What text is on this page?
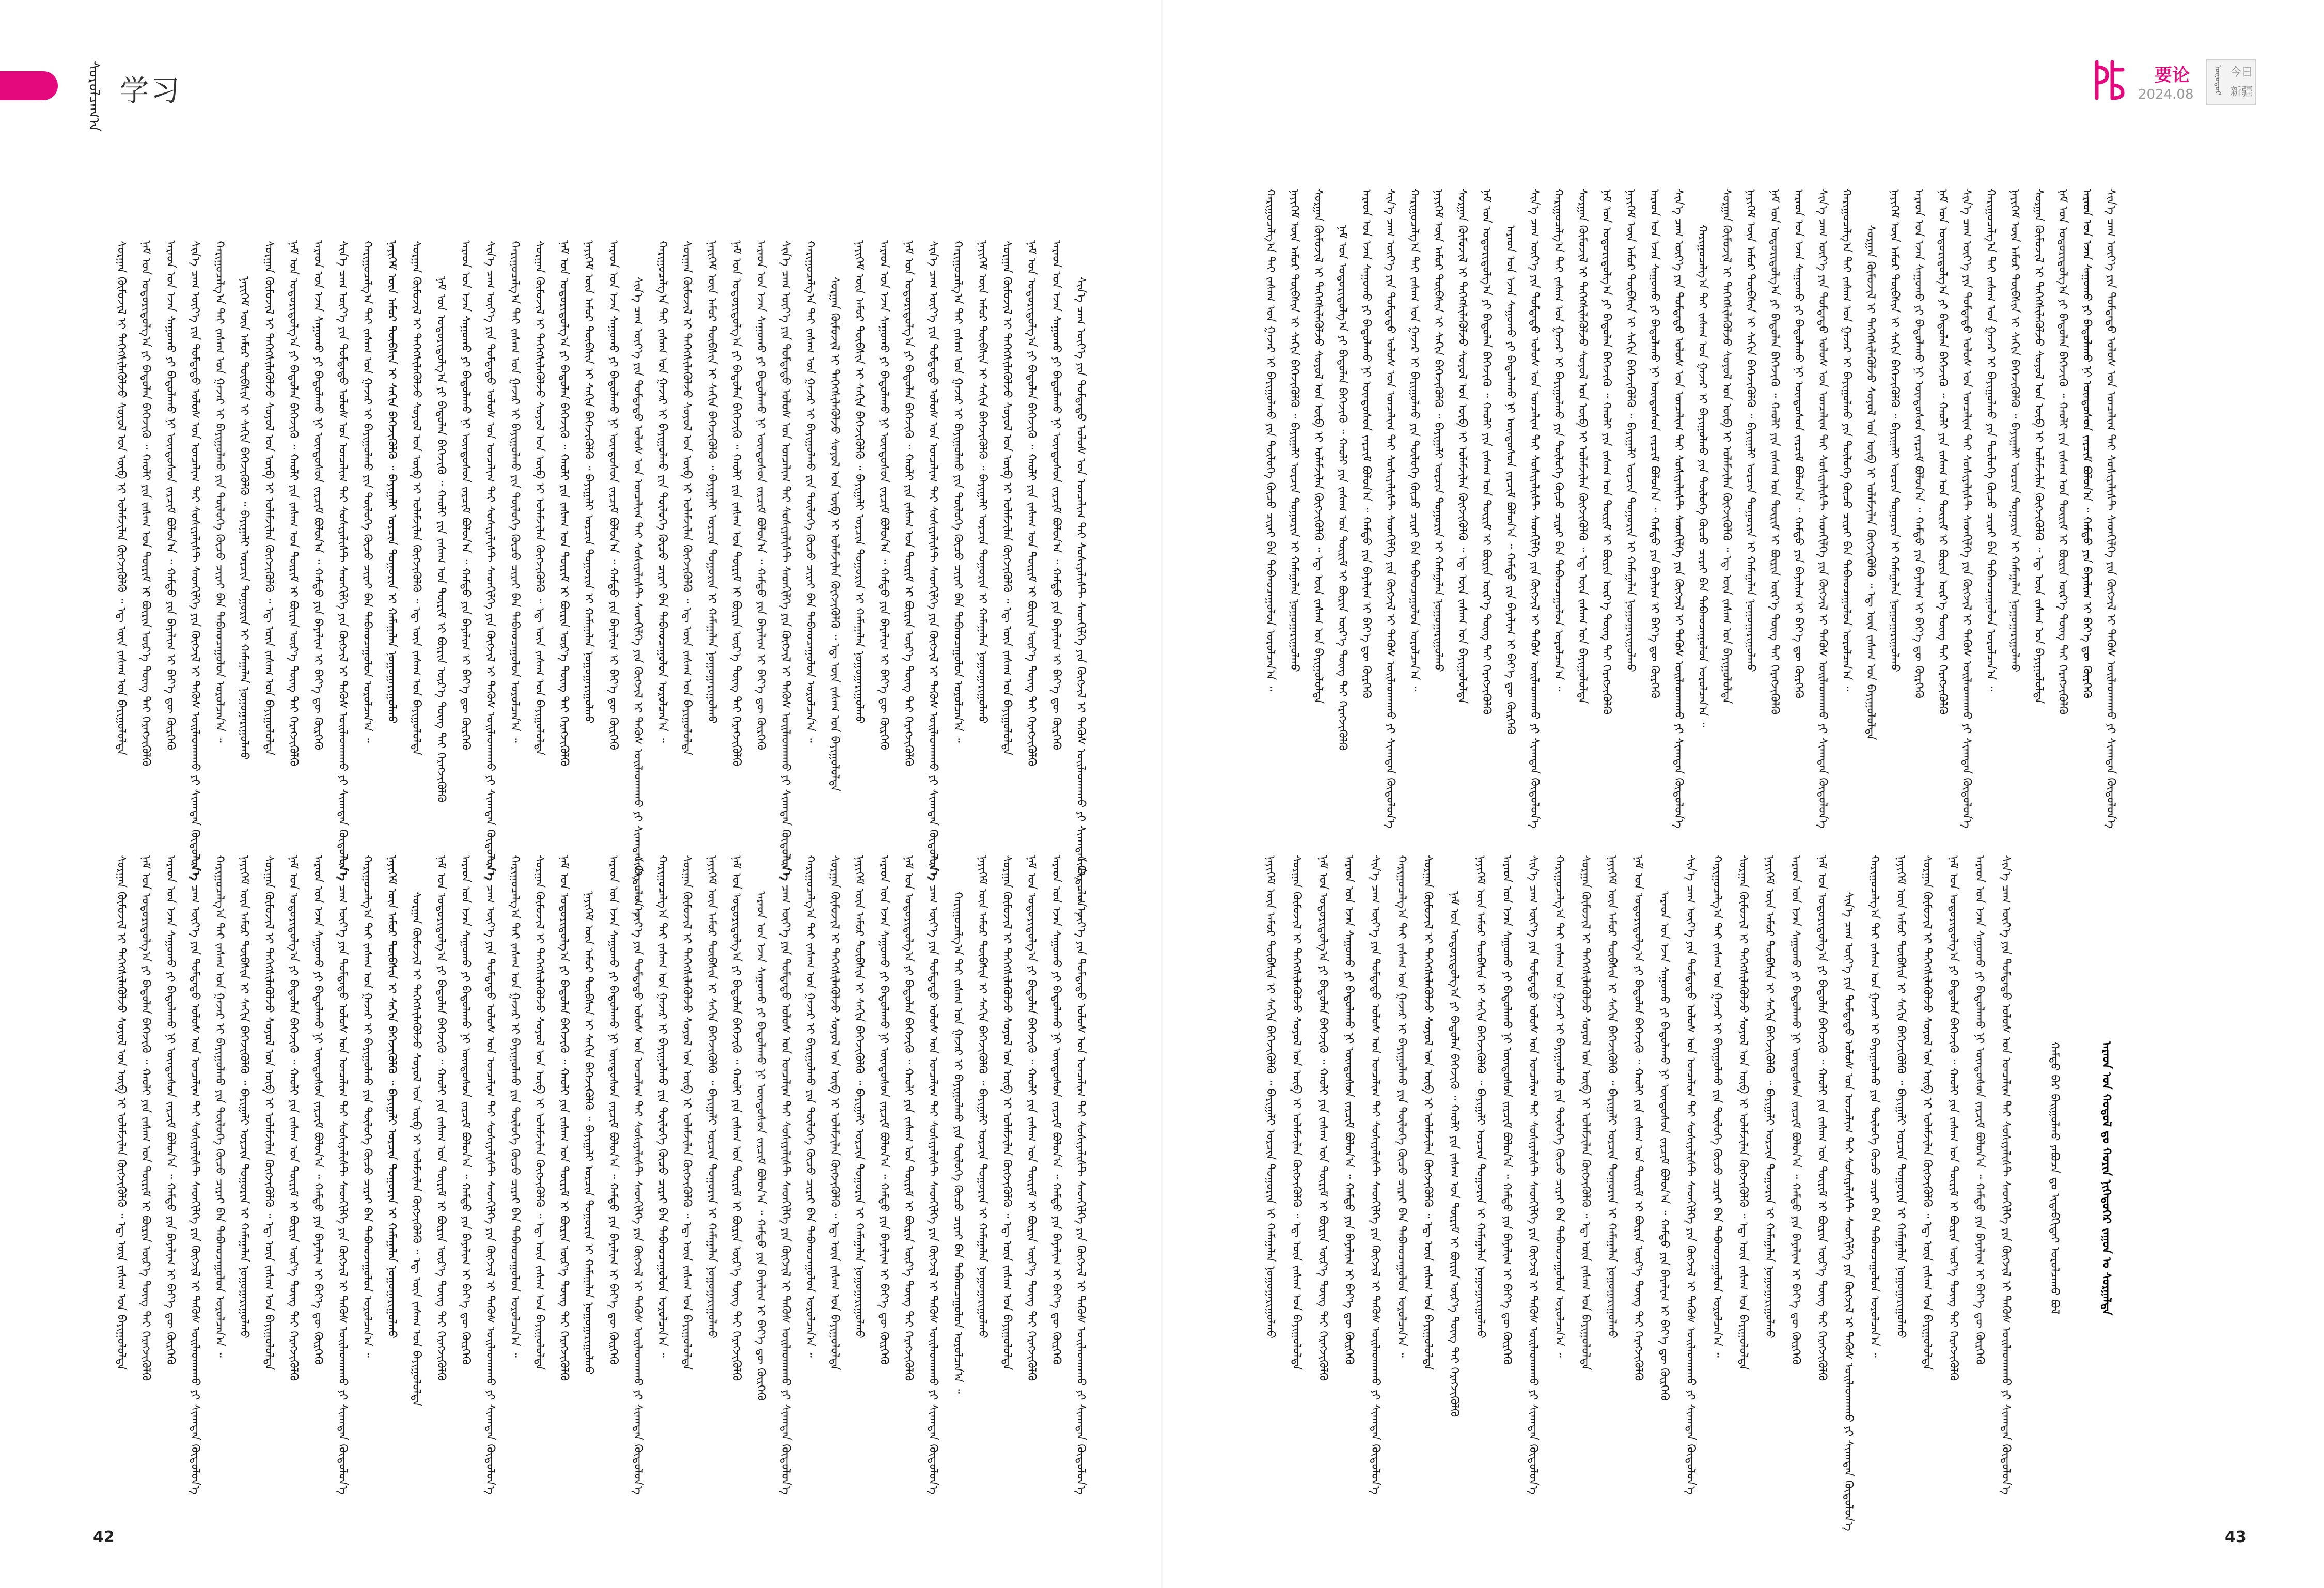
ᠰᠤᠷᠤᠯᠴᠠᠭ᠎ᠠ 学习
ᠲᠤᠷᠤᠯ
要论
2024.08	ᠥᠨᠥᠳᠥᠷ 今日新疆
ᠰᠢᠨ᠎ᠡ ᠴᠠᠭ ᠦᠶ᠎ᠡ ᠶᠢᠨ ᠳᠤᠮᠳᠠᠳᠤ ᠤᠯᠤᠰ ᠤᠨ ᠣᠨᠴᠠᠯᠢᠭ ᠲᠠᠢ ᠰᠣᠰᠢᠶᠠᠯᠢᠰᠲ ᠰᠡᠳᠬᠢᠯᠭᠡ ᠶᠢᠨ ᠬᠥᠭᠵᠢᠯ ᠢ ᠲᠡᠭᠦᠰ ᠤᠢᠯᠠᠳᠬᠠᠬᠤ ᠶᠢ ᠰᠢᠬᠠᠳᠠᠨ ᠬᠥᠲᠥᠯᠦᠨ᠎ᠡ
ᠠᠷᠠᠳ ᠤᠨ ᠡᠵᠡᠨ ᠰᠠᠭᠤᠬᠤ ᠶᠢ ᠪᠠᠲᠤᠯᠠᠬᠤ ᠨᠢ ᠦᠨᠳᠦᠰᠦᠨ ᠵᠠᠷᠴᠢᠮ ᠪᠣᠯᠤᠨ᠎ᠠ ᠃ ᠬᠠᠮᠲᠤ ᠶᠢᠨ ᠪᠠᠶᠠᠯᠢᠭ ᠢ ᠪᠡᠶ᠎ᠡ ᠳᠦ ᠬᠦᠷᠭᠡᠬᠦ
ᠨᠠᠮ ᠤᠨ ᠤᠳᠤᠷᠢᠳᠤᠯᠭ᠎ᠠ ᠶᠢ ᠪᠠᠲᠤᠯᠠᠨ ᠪᠡᠬᠡᠵᠢᠬᠦ ᠃ ᠬᠠᠤᠯᠢ ᠶᠢᠨ ᠵᠠᠰᠠᠭ ᠤᠨ ᠳᠦᠷᠢᠮ ᠢ ᠪᠦᠷᠢᠨ ᠦᠷ᠎ᠡ ᠳᠦᠩ ᠲᠡᠢ ᠬᠡᠷᠡᠭᠵᠢᠭᠦᠯᠬᠦ
ᠰᠤᠷᠭᠠᠨ ᠬᠥᠮᠦᠵᠢᠯ ᠢ ᠳᠡᠭᠡᠭᠰᠢᠯᠡᠭᠦᠯᠵᠦ ᠰᠤᠶᠤᠯ ᠤᠨ ᠥᠪ ᠢ ᠤᠯᠠᠮᠵᠢᠯᠠᠨ ᠬᠥᠭᠵᠢᠭᠦᠯᠬᠦ ᠃ ᠡᠳ᠋ ᠦᠨ ᠵᠠᠰᠠᠭ ᠤᠨ ᠪᠠᠶᠢᠭᠤᠯᠤᠯᠲᠠ
ᠨᠡᠶᠢᠭᠡᠮ ᠦᠨ ᠠᠮᠤᠷ ᠲᠦᠪᠰᠢᠨ ᠢ ᠰᠠᠬᠢᠨ ᠪᠡᠬᠡᠵᠢᠭᠦᠯᠬᠦ ᠃ ᠪᠠᠶᠢᠭᠠᠯᠢ ᠣᠷᠴᠢᠨ ᠲᠣᠭᠣᠷᠢᠨ ᠢ ᠬᠠᠮᠠᠭᠠᠯᠠᠨ ᠨᠣᠭᠣᠭᠠᠷᠢᠭᠤᠯᠬᠤ
ᠬᠠᠷᠢᠭᠤᠴᠠᠯᠭ᠎ᠠ ᠲᠠᠢ ᠵᠠᠰᠠᠭ ᠤᠨ ᠭᠠᠵᠠᠷ ᠢ ᠪᠠᠶᠢᠭᠤᠯᠬᠤ ᠶᠢᠨ ᠲᠥᠯᠥᠭᠡ ᠬᠦᠴᠦ ᠴᠢᠷᠠᠢ ᠪᠡᠨ ᠳᠠᠪᠬᠤᠴᠠᠭᠤᠯᠤᠨ ᠣᠷᠤᠯᠴᠠᠨ᠎ᠠ ᠃
ᠰᠢᠨ᠎ᠡ ᠴᠠᠭ ᠦᠶ᠎ᠡ ᠶᠢᠨ ᠳᠤᠮᠳᠠᠳᠤ ᠤᠯᠤᠰ ᠤᠨ ᠣᠨᠴᠠᠯᠢᠭ ᠲᠠᠢ ᠰᠣᠰᠢᠶᠠᠯᠢᠰᠲ ᠰᠡᠳᠬᠢᠯᠭᠡ ᠶᠢᠨ ᠬᠥᠭᠵᠢᠯ ᠢ ᠲᠡᠭᠦᠰ ᠤᠢᠯᠠᠳᠬᠠᠬᠤ ᠶᠢ ᠰᠢᠬᠠᠳᠠᠨ ᠬᠥᠲᠥᠯᠦᠨ᠎ᠡ
ᠨᠠᠮ ᠤᠨ ᠤᠳᠤᠷᠢᠳᠤᠯᠭ᠎ᠠ ᠶᠢ ᠪᠠᠲᠤᠯᠠᠨ ᠪᠡᠬᠡᠵᠢᠬᠦ ᠃ ᠬᠠᠤᠯᠢ ᠶᠢᠨ ᠵᠠᠰᠠᠭ ᠤᠨ ᠳᠦᠷᠢᠮ ᠢ ᠪᠦᠷᠢᠨ ᠦᠷ᠎ᠡ ᠳᠦᠩ ᠲᠡᠢ ᠬᠡᠷᠡᠭᠵᠢᠭᠦᠯᠬᠦ
ᠠᠷᠠᠳ ᠤᠨ ᠡᠵᠡᠨ ᠰᠠᠭᠤᠬᠤ ᠶᠢ ᠪᠠᠲᠤᠯᠠᠬᠤ ᠨᠢ ᠦᠨᠳᠦᠰᠦᠨ ᠵᠠᠷᠴᠢᠮ ᠪᠣᠯᠤᠨ᠎ᠠ ᠃ ᠬᠠᠮᠲᠤ ᠶᠢᠨ ᠪᠠᠶᠠᠯᠢᠭ ᠢ ᠪᠡᠶ᠎ᠡ ᠳᠦ ᠬᠦᠷᠭᠡᠬᠦ
ᠨᠡᠶᠢᠭᠡᠮ ᠦᠨ ᠠᠮᠤᠷ ᠲᠦᠪᠰᠢᠨ ᠢ ᠰᠠᠬᠢᠨ ᠪᠡᠬᠡᠵᠢᠭᠦᠯᠬᠦ ᠃ ᠪᠠᠶᠢᠭᠠᠯᠢ ᠣᠷᠴᠢᠨ ᠲᠣᠭᠣᠷᠢᠨ ᠢ ᠬᠠᠮᠠᠭᠠᠯᠠᠨ ᠨᠣᠭᠣᠭᠠᠷᠢᠭᠤᠯᠬᠤ
ᠰᠤᠷᠭᠠᠨ ᠬᠥᠮᠦᠵᠢᠯ ᠢ ᠳᠡᠭᠡᠭᠰᠢᠯᠡᠭᠦᠯᠵᠦ ᠰᠤᠶᠤᠯ ᠤᠨ ᠥᠪ ᠢ ᠤᠯᠠᠮᠵᠢᠯᠠᠨ ᠬᠥᠭᠵᠢᠭᠦᠯᠬᠦ ᠃ ᠡᠳ᠋ ᠦᠨ ᠵᠠᠰᠠᠭ ᠤᠨ ᠪᠠᠶᠢᠭᠤᠯᠤᠯᠲᠠ
ᠬᠠᠷᠢᠭᠤᠴᠠᠯᠭ᠎ᠠ ᠲᠠᠢ ᠵᠠᠰᠠᠭ ᠤᠨ ᠭᠠᠵᠠᠷ ᠢ ᠪᠠᠶᠢᠭᠤᠯᠬᠤ ᠶᠢᠨ ᠲᠥᠯᠥᠭᠡ ᠬᠦᠴᠦ ᠴᠢᠷᠠᠢ ᠪᠡᠨ ᠳᠠᠪᠬᠤᠴᠠᠭᠤᠯᠤᠨ ᠣᠷᠤᠯᠴᠠᠨ᠎ᠠ ᠃
ᠰᠢᠨ᠎ᠡ ᠴᠠᠭ ᠦᠶ᠎ᠡ ᠶᠢᠨ ᠳᠤᠮᠳᠠᠳᠤ ᠤᠯᠤᠰ ᠤᠨ ᠣᠨᠴᠠᠯᠢᠭ ᠲᠠᠢ ᠰᠣᠰᠢᠶᠠᠯᠢᠰᠲ ᠰᠡᠳᠬᠢᠯᠭᠡ ᠶᠢᠨ ᠬᠥᠭᠵᠢᠯ ᠢ ᠲᠡᠭᠦᠰ ᠤᠢᠯᠠᠳᠬᠠᠬᠤ ᠶᠢ ᠰᠢᠬᠠᠳᠠᠨ ᠬᠥᠲᠥᠯᠦᠨ᠎ᠡ
ᠠᠷᠠᠳ ᠤᠨ ᠡᠵᠡᠨ ᠰᠠᠭᠤᠬᠤ ᠶᠢ ᠪᠠᠲᠤᠯᠠᠬᠤ ᠨᠢ ᠦᠨᠳᠦᠰᠦᠨ ᠵᠠᠷᠴᠢᠮ ᠪᠣᠯᠤᠨ᠎ᠠ ᠃ ᠬᠠᠮᠲᠤ ᠶᠢᠨ ᠪᠠᠶᠠᠯᠢᠭ ᠢ ᠪᠡᠶ᠎ᠡ ᠳᠦ ᠬᠦᠷᠭᠡᠬᠦ
ᠨᠠᠮ ᠤᠨ ᠤᠳᠤᠷᠢᠳᠤᠯᠭ᠎ᠠ ᠶᠢ ᠪᠠᠲᠤᠯᠠᠨ ᠪᠡᠬᠡᠵᠢᠬᠦ ᠃ ᠬᠠᠤᠯᠢ ᠶᠢᠨ ᠵᠠᠰᠠᠭ ᠤᠨ ᠳᠦᠷᠢᠮ ᠢ ᠪᠦᠷᠢᠨ ᠦᠷ᠎ᠡ ᠳᠦᠩ ᠲᠡᠢ ᠬᠡᠷᠡᠭᠵᠢᠭᠦᠯᠬᠦ
ᠨᠡᠶᠢᠭᠡᠮ ᠦᠨ ᠠᠮᠤᠷ ᠲᠦᠪᠰᠢᠨ ᠢ ᠰᠠᠬᠢᠨ ᠪᠡᠬᠡᠵᠢᠭᠦᠯᠬᠦ ᠃ ᠪᠠᠶᠢᠭᠠᠯᠢ ᠣᠷᠴᠢᠨ ᠲᠣᠭᠣᠷᠢᠨ ᠢ ᠬᠠᠮᠠᠭᠠᠯᠠᠨ ᠨᠣᠭᠣᠭᠠᠷᠢᠭᠤᠯᠬᠤ
ᠰᠤᠷᠭᠠᠨ ᠬᠥᠮᠦᠵᠢᠯ ᠢ ᠳᠡᠭᠡᠭᠰᠢᠯᠡᠭᠦᠯᠵᠦ ᠰᠤᠶᠤᠯ ᠤᠨ ᠥᠪ ᠢ ᠤᠯᠠᠮᠵᠢᠯᠠᠨ ᠬᠥᠭᠵᠢᠭᠦᠯᠬᠦ ᠃ ᠡᠳ᠋ ᠦᠨ ᠵᠠᠰᠠᠭ ᠤᠨ ᠪᠠᠶᠢᠭᠤᠯᠤᠯᠲᠠ
ᠬᠠᠷᠢᠭᠤᠴᠠᠯᠭ᠎ᠠ ᠲᠠᠢ ᠵᠠᠰᠠᠭ ᠤᠨ ᠭᠠᠵᠠᠷ ᠢ ᠪᠠᠶᠢᠭᠤᠯᠬᠤ ᠶᠢᠨ ᠲᠥᠯᠥᠭᠡ ᠬᠦᠴᠦ ᠴᠢᠷᠠᠢ ᠪᠡᠨ ᠳᠠᠪᠬᠤᠴᠠᠭᠤᠯᠤᠨ ᠣᠷᠤᠯᠴᠠᠨ᠎ᠠ ᠃
ᠰᠢᠨ᠎ᠡ ᠴᠠᠭ ᠦᠶ᠎ᠡ ᠶᠢᠨ ᠳᠤᠮᠳᠠᠳᠤ ᠤᠯᠤᠰ ᠤᠨ ᠣᠨᠴᠠᠯᠢᠭ ᠲᠠᠢ ᠰᠣᠰᠢᠶᠠᠯᠢᠰᠲ ᠰᠡᠳᠬᠢᠯᠭᠡ ᠶᠢᠨ ᠬᠥᠭᠵᠢᠯ ᠢ ᠲᠡᠭᠦᠰ ᠤᠢᠯᠠᠳᠬᠠᠬᠤ ᠶᠢ ᠰᠢᠬᠠᠳᠠᠨ ᠬᠥᠲᠥᠯᠦᠨ᠎ᠡ
ᠠᠷᠠᠳ ᠤᠨ ᠡᠵᠡᠨ ᠰᠠᠭᠤᠬᠤ ᠶᠢ ᠪᠠᠲᠤᠯᠠᠬᠤ ᠨᠢ ᠦᠨᠳᠦᠰᠦᠨ ᠵᠠᠷᠴᠢᠮ ᠪᠣᠯᠤᠨ᠎ᠠ ᠃ ᠬᠠᠮᠲᠤ ᠶᠢᠨ ᠪᠠᠶᠠᠯᠢᠭ ᠢ ᠪᠡᠶ᠎ᠡ ᠳᠦ ᠬᠦᠷᠭᠡᠬᠦ
ᠨᠡᠶᠢᠭᠡᠮ ᠦᠨ ᠠᠮᠤᠷ ᠲᠦᠪᠰᠢᠨ ᠢ ᠰᠠᠬᠢᠨ ᠪᠡᠬᠡᠵᠢᠭᠦᠯᠬᠦ ᠃ ᠪᠠᠶᠢᠭᠠᠯᠢ ᠣᠷᠴᠢᠨ ᠲᠣᠭᠣᠷᠢᠨ ᠢ ᠬᠠᠮᠠᠭᠠᠯᠠᠨ ᠨᠣᠭᠣᠭᠠᠷᠢᠭᠤᠯᠬᠤ
ᠨᠠᠮ ᠤᠨ ᠤᠳᠤᠷᠢᠳᠤᠯᠭ᠎ᠠ ᠶᠢ ᠪᠠᠲᠤᠯᠠᠨ ᠪᠡᠬᠡᠵᠢᠬᠦ ᠃ ᠬᠠᠤᠯᠢ ᠶᠢᠨ ᠵᠠᠰᠠᠭ ᠤᠨ ᠳᠦᠷᠢᠮ ᠢ ᠪᠦᠷᠢᠨ ᠦᠷ᠎ᠡ ᠳᠦᠩ ᠲᠡᠢ ᠬᠡᠷᠡᠭᠵᠢᠭᠦᠯᠬᠦ
ᠰᠤᠷᠭᠠᠨ ᠬᠥᠮᠦᠵᠢᠯ ᠢ ᠳᠡᠭᠡᠭᠰᠢᠯᠡᠭᠦᠯᠵᠦ ᠰᠤᠶᠤᠯ ᠤᠨ ᠥᠪ ᠢ ᠤᠯᠠᠮᠵᠢᠯᠠᠨ ᠬᠥᠭᠵᠢᠭᠦᠯᠬᠦ ᠃ ᠡᠳ᠋ ᠦᠨ ᠵᠠᠰᠠᠭ ᠤᠨ ᠪᠠᠶᠢᠭᠤᠯᠤᠯᠲᠠ
ᠬᠠᠷᠢᠭᠤᠴᠠᠯᠭ᠎ᠠ ᠲᠠᠢ ᠵᠠᠰᠠᠭ ᠤᠨ ᠭᠠᠵᠠᠷ ᠢ ᠪᠠᠶᠢᠭᠤᠯᠬᠤ ᠶᠢᠨ ᠲᠥᠯᠥᠭᠡ ᠬᠦᠴᠦ ᠴᠢᠷᠠᠢ ᠪᠡᠨ ᠳᠠᠪᠬᠤᠴᠠᠭᠤᠯᠤᠨ ᠣᠷᠤᠯᠴᠠᠨ᠎ᠠ ᠃
ᠰᠢᠨ᠎ᠡ ᠴᠠᠭ ᠦᠶ᠎ᠡ ᠶᠢᠨ ᠳᠤᠮᠳᠠᠳᠤ ᠤᠯᠤᠰ ᠤᠨ ᠣᠨᠴᠠᠯᠢᠭ ᠲᠠᠢ ᠰᠣᠰᠢᠶᠠᠯᠢᠰᠲ ᠰᠡᠳᠬᠢᠯᠭᠡ ᠶᠢᠨ ᠬᠥᠭᠵᠢᠯ ᠢ ᠲᠡᠭᠦᠰ ᠤᠢᠯᠠᠳᠬᠠᠬᠤ ᠶᠢ ᠰᠢᠬᠠᠳᠠᠨ ᠬᠥᠲᠥᠯᠦᠨ᠎ᠡ
ᠠᠷᠠᠳ ᠤᠨ ᠡᠵᠡᠨ ᠰᠠᠭᠤᠬᠤ ᠶᠢ ᠪᠠᠲᠤᠯᠠᠬᠤ ᠨᠢ ᠦᠨᠳᠦᠰᠦᠨ ᠵᠠᠷᠴᠢᠮ ᠪᠣᠯᠤᠨ᠎ᠠ ᠃ ᠬᠠᠮᠲᠤ ᠶᠢᠨ ᠪᠠᠶᠠᠯᠢᠭ ᠢ ᠪᠡᠶ᠎ᠡ ᠳᠦ ᠬᠦᠷᠭᠡᠬᠦ
ᠨᠠᠮ ᠤᠨ ᠤᠳᠤᠷᠢᠳᠤᠯᠭ᠎ᠠ ᠶᠢ ᠪᠠᠲᠤᠯᠠᠨ ᠪᠡᠬᠡᠵᠢᠬᠦ ᠃ ᠬᠠᠤᠯᠢ ᠶᠢᠨ ᠵᠠᠰᠠᠭ ᠤᠨ ᠳᠦᠷᠢᠮ ᠢ ᠪᠦᠷᠢᠨ ᠦᠷ᠎ᠡ ᠳᠦᠩ ᠲᠡᠢ ᠬᠡᠷᠡᠭᠵᠢᠭᠦᠯᠬᠦ
ᠰᠤᠷᠭᠠᠨ ᠬᠥᠮᠦᠵᠢᠯ ᠢ ᠳᠡᠭᠡᠭᠰᠢᠯᠡᠭᠦᠯᠵᠦ ᠰᠤᠶᠤᠯ ᠤᠨ ᠥᠪ ᠢ ᠤᠯᠠᠮᠵᠢᠯᠠᠨ ᠬᠥᠭᠵᠢᠭᠦᠯᠬᠦ ᠃ ᠡᠳ᠋ ᠦᠨ ᠵᠠᠰᠠᠭ ᠤᠨ ᠪᠠᠶᠢᠭᠤᠯᠤᠯᠲᠠ
ᠨᠡᠶᠢᠭᠡᠮ ᠦᠨ ᠠᠮᠤᠷ ᠲᠦᠪᠰᠢᠨ ᠢ ᠰᠠᠬᠢᠨ ᠪᠡᠬᠡᠵᠢᠭᠦᠯᠬᠦ ᠃ ᠪᠠᠶᠢᠭᠠᠯᠢ ᠣᠷᠴᠢᠨ ᠲᠣᠭᠣᠷᠢᠨ ᠢ ᠬᠠᠮᠠᠭᠠᠯᠠᠨ ᠨᠣᠭᠣᠭᠠᠷᠢᠭᠤᠯᠬᠤ
ᠬᠠᠷᠢᠭᠤᠴᠠᠯᠭ᠎ᠠ ᠲᠠᠢ ᠵᠠᠰᠠᠭ ᠤᠨ ᠭᠠᠵᠠᠷ ᠢ ᠪᠠᠶᠢᠭᠤᠯᠬᠤ ᠶᠢᠨ ᠲᠥᠯᠥᠭᠡ ᠬᠦᠴᠦ ᠴᠢᠷᠠᠢ ᠪᠡᠨ ᠳᠠᠪᠬᠤᠴᠠᠭᠤᠯᠤᠨ ᠣᠷᠤᠯᠴᠠᠨ᠎ᠠ ᠃
ᠰᠢᠨ᠎ᠡ ᠴᠠᠭ ᠦᠶ᠎ᠡ ᠶᠢᠨ ᠳᠤᠮᠳᠠᠳᠤ ᠤᠯᠤᠰ ᠤᠨ ᠣᠨᠴᠠᠯᠢᠭ ᠲᠠᠢ ᠰᠣᠰᠢᠶᠠᠯᠢᠰᠲ ᠰᠡᠳᠬᠢᠯᠭᠡ ᠶᠢᠨ ᠬᠥᠭᠵᠢᠯ ᠢ ᠲᠡᠭᠦᠰ ᠤᠢᠯᠠᠳᠬᠠᠬᠤ ᠶᠢ ᠰᠢᠬᠠᠳᠠᠨ ᠬᠥᠲᠥᠯᠦᠨ᠎ᠡ
ᠠᠷᠠᠳ ᠤᠨ ᠡᠵᠡᠨ ᠰᠠᠭᠤᠬᠤ ᠶᠢ ᠪᠠᠲᠤᠯᠠᠬᠤ ᠨᠢ ᠦᠨᠳᠦᠰᠦᠨ ᠵᠠᠷᠴᠢᠮ ᠪᠣᠯᠤᠨ᠎ᠠ ᠃ ᠬᠠᠮᠲᠤ ᠶᠢᠨ ᠪᠠᠶᠠᠯᠢᠭ ᠢ ᠪᠡᠶ᠎ᠡ ᠳᠦ ᠬᠦᠷᠭᠡᠬᠦ
ᠨᠠᠮ ᠤᠨ ᠤᠳᠤᠷᠢᠳᠤᠯᠭ᠎ᠠ ᠶᠢ ᠪᠠᠲᠤᠯᠠᠨ ᠪᠡᠬᠡᠵᠢᠬᠦ ᠃ ᠬᠠᠤᠯᠢ ᠶᠢᠨ ᠵᠠᠰᠠᠭ ᠤᠨ ᠳᠦᠷᠢᠮ ᠢ ᠪᠦᠷᠢᠨ ᠦᠷ᠎ᠡ ᠳᠦᠩ ᠲᠡᠢ ᠬᠡᠷᠡᠭᠵᠢᠭᠦᠯᠬᠦ
ᠰᠤᠷᠭᠠᠨ ᠬᠥᠮᠦᠵᠢᠯ ᠢ ᠳᠡᠭᠡᠭᠰᠢᠯᠡᠭᠦᠯᠵᠦ ᠰᠤᠶᠤᠯ ᠤᠨ ᠥᠪ ᠢ ᠤᠯᠠᠮᠵᠢᠯᠠᠨ ᠬᠥᠭᠵᠢᠭᠦᠯᠬᠦ ᠃ ᠡᠳ᠋ ᠦᠨ ᠵᠠᠰᠠᠭ ᠤᠨ ᠪᠠᠶᠢᠭᠤᠯᠤᠯᠲᠠ
ᠨᠡᠶᠢᠭᠡᠮ ᠦᠨ ᠠᠮᠤᠷ ᠲᠦᠪᠰᠢᠨ ᠢ ᠰᠠᠬᠢᠨ ᠪᠡᠬᠡᠵᠢᠭᠦᠯᠬᠦ ᠃ ᠪᠠᠶᠢᠭᠠᠯᠢ ᠣᠷᠴᠢᠨ ᠲᠣᠭᠣᠷᠢᠨ ᠢ ᠬᠠᠮᠠᠭᠠᠯᠠᠨ ᠨᠣᠭᠣᠭᠠᠷᠢᠭᠤᠯᠬᠤ
ᠬᠠᠷᠢᠭᠤᠴᠠᠯᠭ᠎ᠠ ᠲᠠᠢ ᠵᠠᠰᠠᠭ ᠤᠨ ᠭᠠᠵᠠᠷ ᠢ ᠪᠠᠶᠢᠭᠤᠯᠬᠤ ᠶᠢᠨ ᠲᠥᠯᠥᠭᠡ ᠬᠦᠴᠦ ᠴᠢᠷᠠᠢ ᠪᠡᠨ ᠳᠠᠪᠬᠤᠴᠠᠭᠤᠯᠤᠨ ᠣᠷᠤᠯᠴᠠᠨ᠎ᠠ ᠃
ᠠᠷᠠᠳ ᠤᠨ ᠬᠤᠳᠤᠯ ᠳᠤ ᠬᠤᠷᠢᠨ ᠨᠢᠭᠡᠳᠦᠭᠡᠷ ᠵᠠᠭᠤᠨ ᠤ ᠰᠤᠷᠭᠠᠯᠲᠠ
ᠬᠠᠮᠲᠤ ᠪᠡᠷ ᠪᠠᠢᠭᠤᠯᠬᠤ ᠶᠠᠪᠤᠴᠠ ᠳᠤ ᠢᠳᠡᠪᠬᠢᠲᠡᠢ ᠣᠷᠤᠯᠴᠠᠬᠤ ᠪᠤᠯ
ᠰᠢᠨ᠎ᠡ ᠴᠠᠭ ᠦᠶ᠎ᠡ ᠶᠢᠨ ᠳᠤᠮᠳᠠᠳᠤ ᠤᠯᠤᠰ ᠤᠨ ᠣᠨᠴᠠᠯᠢᠭ ᠲᠠᠢ ᠰᠣᠰᠢᠶᠠᠯᠢᠰᠲ ᠰᠡᠳᠬᠢᠯᠭᠡ ᠶᠢᠨ ᠬᠥᠭᠵᠢᠯ ᠢ ᠲᠡᠭᠦᠰ ᠤᠢᠯᠠᠳᠬᠠᠬᠤ ᠶᠢ ᠰᠢᠬᠠᠳᠠᠨ ᠬᠥᠲᠥᠯᠦᠨ᠎ᠡ
ᠠᠷᠠᠳ ᠤᠨ ᠡᠵᠡᠨ ᠰᠠᠭᠤᠬᠤ ᠶᠢ ᠪᠠᠲᠤᠯᠠᠬᠤ ᠨᠢ ᠦᠨᠳᠦᠰᠦᠨ ᠵᠠᠷᠴᠢᠮ ᠪᠣᠯᠤᠨ᠎ᠠ ᠃ ᠬᠠᠮᠲᠤ ᠶᠢᠨ ᠪᠠᠶᠠᠯᠢᠭ ᠢ ᠪᠡᠶ᠎ᠡ ᠳᠦ ᠬᠦᠷᠭᠡᠬᠦ
ᠨᠠᠮ ᠤᠨ ᠤᠳᠤᠷᠢᠳᠤᠯᠭ᠎ᠠ ᠶᠢ ᠪᠠᠲᠤᠯᠠᠨ ᠪᠡᠬᠡᠵᠢᠬᠦ ᠃ ᠬᠠᠤᠯᠢ ᠶᠢᠨ ᠵᠠᠰᠠᠭ ᠤᠨ ᠳᠦᠷᠢᠮ ᠢ ᠪᠦᠷᠢᠨ ᠦᠷ᠎ᠡ ᠳᠦᠩ ᠲᠡᠢ ᠬᠡᠷᠡᠭᠵᠢᠭᠦᠯᠬᠦ
ᠰᠤᠷᠭᠠᠨ ᠬᠥᠮᠦᠵᠢᠯ ᠢ ᠳᠡᠭᠡᠭᠰᠢᠯᠡᠭᠦᠯᠵᠦ ᠰᠤᠶᠤᠯ ᠤᠨ ᠥᠪ ᠢ ᠤᠯᠠᠮᠵᠢᠯᠠᠨ ᠬᠥᠭᠵᠢᠭᠦᠯᠬᠦ ᠃ ᠡᠳ᠋ ᠦᠨ ᠵᠠᠰᠠᠭ ᠤᠨ ᠪᠠᠶᠢᠭᠤᠯᠤᠯᠲᠠ
ᠨᠡᠶᠢᠭᠡᠮ ᠦᠨ ᠠᠮᠤᠷ ᠲᠦᠪᠰᠢᠨ ᠢ ᠰᠠᠬᠢᠨ ᠪᠡᠬᠡᠵᠢᠭᠦᠯᠬᠦ ᠃ ᠪᠠᠶᠢᠭᠠᠯᠢ ᠣᠷᠴᠢᠨ ᠲᠣᠭᠣᠷᠢᠨ ᠢ ᠬᠠᠮᠠᠭᠠᠯᠠᠨ ᠨᠣᠭᠣᠭᠠᠷᠢᠭᠤᠯᠬᠤ
ᠬᠠᠷᠢᠭᠤᠴᠠᠯᠭ᠎ᠠ ᠲᠠᠢ ᠵᠠᠰᠠᠭ ᠤᠨ ᠭᠠᠵᠠᠷ ᠢ ᠪᠠᠶᠢᠭᠤᠯᠬᠤ ᠶᠢᠨ ᠲᠥᠯᠥᠭᠡ ᠬᠦᠴᠦ ᠴᠢᠷᠠᠢ ᠪᠡᠨ ᠳᠠᠪᠬᠤᠴᠠᠭᠤᠯᠤᠨ ᠣᠷᠤᠯᠴᠠᠨ᠎ᠠ ᠃
ᠰᠢᠨ᠎ᠡ ᠴᠠᠭ ᠦᠶ᠎ᠡ ᠶᠢᠨ ᠳᠤᠮᠳᠠᠳᠤ ᠤᠯᠤᠰ ᠤᠨ ᠣᠨᠴᠠᠯᠢᠭ ᠲᠠᠢ ᠰᠣᠰᠢᠶᠠᠯᠢᠰᠲ ᠰᠡᠳᠬᠢᠯᠭᠡ ᠶᠢᠨ ᠬᠥᠭᠵᠢᠯ ᠢ ᠲᠡᠭᠦᠰ ᠤᠢᠯᠠᠳᠬᠠᠬᠤ ᠶᠢ ᠰᠢᠬᠠᠳᠠᠨ ᠬᠥᠲᠥᠯᠦᠨ᠎ᠡ
ᠨᠠᠮ ᠤᠨ ᠤᠳᠤᠷᠢᠳᠤᠯᠭ᠎ᠠ ᠶᠢ ᠪᠠᠲᠤᠯᠠᠨ ᠪᠡᠬᠡᠵᠢᠬᠦ ᠃ ᠬᠠᠤᠯᠢ ᠶᠢᠨ ᠵᠠᠰᠠᠭ ᠤᠨ ᠳᠦᠷᠢᠮ ᠢ ᠪᠦᠷᠢᠨ ᠦᠷ᠎ᠡ ᠳᠦᠩ ᠲᠡᠢ ᠬᠡᠷᠡᠭᠵᠢᠭᠦᠯᠬᠦ
ᠠᠷᠠᠳ ᠤᠨ ᠡᠵᠡᠨ ᠰᠠᠭᠤᠬᠤ ᠶᠢ ᠪᠠᠲᠤᠯᠠᠬᠤ ᠨᠢ ᠦᠨᠳᠦᠰᠦᠨ ᠵᠠᠷᠴᠢᠮ ᠪᠣᠯᠤᠨ᠎ᠠ ᠃ ᠬᠠᠮᠲᠤ ᠶᠢᠨ ᠪᠠᠶᠠᠯᠢᠭ ᠢ ᠪᠡᠶ᠎ᠡ ᠳᠦ ᠬᠦᠷᠭᠡᠬᠦ
ᠨᠡᠶᠢᠭᠡᠮ ᠦᠨ ᠠᠮᠤᠷ ᠲᠦᠪᠰᠢᠨ ᠢ ᠰᠠᠬᠢᠨ ᠪᠡᠬᠡᠵᠢᠭᠦᠯᠬᠦ ᠃ ᠪᠠᠶᠢᠭᠠᠯᠢ ᠣᠷᠴᠢᠨ ᠲᠣᠭᠣᠷᠢᠨ ᠢ ᠬᠠᠮᠠᠭᠠᠯᠠᠨ ᠨᠣᠭᠣᠭᠠᠷᠢᠭᠤᠯᠬᠤ
ᠰᠤᠷᠭᠠᠨ ᠬᠥᠮᠦᠵᠢᠯ ᠢ ᠳᠡᠭᠡᠭᠰᠢᠯᠡᠭᠦᠯᠵᠦ ᠰᠤᠶᠤᠯ ᠤᠨ ᠥᠪ ᠢ ᠤᠯᠠᠮᠵᠢᠯᠠᠨ ᠬᠥᠭᠵᠢᠭᠦᠯᠬᠦ ᠃ ᠡᠳ᠋ ᠦᠨ ᠵᠠᠰᠠᠭ ᠤᠨ ᠪᠠᠶᠢᠭᠤᠯᠤᠯᠲᠠ
ᠬᠠᠷᠢᠭᠤᠴᠠᠯᠭ᠎ᠠ ᠲᠠᠢ ᠵᠠᠰᠠᠭ ᠤᠨ ᠭᠠᠵᠠᠷ ᠢ ᠪᠠᠶᠢᠭᠤᠯᠬᠤ ᠶᠢᠨ ᠲᠥᠯᠥᠭᠡ ᠬᠦᠴᠦ ᠴᠢᠷᠠᠢ ᠪᠡᠨ ᠳᠠᠪᠬᠤᠴᠠᠭᠤᠯᠤᠨ ᠣᠷᠤᠯᠴᠠᠨ᠎ᠠ ᠃
ᠰᠢᠨ᠎ᠡ ᠴᠠᠭ ᠦᠶ᠎ᠡ ᠶᠢᠨ ᠳᠤᠮᠳᠠᠳᠤ ᠤᠯᠤᠰ ᠤᠨ ᠣᠨᠴᠠᠯᠢᠭ ᠲᠠᠢ ᠰᠣᠰᠢᠶᠠᠯᠢᠰᠲ ᠰᠡᠳᠬᠢᠯᠭᠡ ᠶᠢᠨ ᠬᠥᠭᠵᠢᠯ ᠢ ᠲᠡᠭᠦᠰ ᠤᠢᠯᠠᠳᠬᠠᠬᠤ ᠶᠢ ᠰᠢᠬᠠᠳᠠᠨ ᠬᠥᠲᠥᠯᠦᠨ᠎ᠡ
ᠠᠷᠠᠳ ᠤᠨ ᠡᠵᠡᠨ ᠰᠠᠭᠤᠬᠤ ᠶᠢ ᠪᠠᠲᠤᠯᠠᠬᠤ ᠨᠢ ᠦᠨᠳᠦᠰᠦᠨ ᠵᠠᠷᠴᠢᠮ ᠪᠣᠯᠤᠨ᠎ᠠ ᠃ ᠬᠠᠮᠲᠤ ᠶᠢᠨ ᠪᠠᠶᠠᠯᠢᠭ ᠢ ᠪᠡᠶ᠎ᠡ ᠳᠦ ᠬᠦᠷᠭᠡᠬᠦ
ᠨᠠᠮ ᠤᠨ ᠤᠳᠤᠷᠢᠳᠤᠯᠭ᠎ᠠ ᠶᠢ ᠪᠠᠲᠤᠯᠠᠨ ᠪᠡᠬᠡᠵᠢᠬᠦ ᠃ ᠬᠠᠤᠯᠢ ᠶᠢᠨ ᠵᠠᠰᠠᠭ ᠤᠨ ᠳᠦᠷᠢᠮ ᠢ ᠪᠦᠷᠢᠨ ᠦᠷ᠎ᠡ ᠳᠦᠩ ᠲᠡᠢ ᠬᠡᠷᠡᠭᠵᠢᠭᠦᠯᠬᠦ
ᠨᠡᠶᠢᠭᠡᠮ ᠦᠨ ᠠᠮᠤᠷ ᠲᠦᠪᠰᠢᠨ ᠢ ᠰᠠᠬᠢᠨ ᠪᠡᠬᠡᠵᠢᠭᠦᠯᠬᠦ ᠃ ᠪᠠᠶᠢᠭᠠᠯᠢ ᠣᠷᠴᠢᠨ ᠲᠣᠭᠣᠷᠢᠨ ᠢ ᠬᠠᠮᠠᠭᠠᠯᠠᠨ ᠨᠣᠭᠣᠭᠠᠷᠢᠭᠤᠯᠬᠤ
ᠰᠤᠷᠭᠠᠨ ᠬᠥᠮᠦᠵᠢᠯ ᠢ ᠳᠡᠭᠡᠭᠰᠢᠯᠡᠭᠦᠯᠵᠦ ᠰᠤᠶᠤᠯ ᠤᠨ ᠥᠪ ᠢ ᠤᠯᠠᠮᠵᠢᠯᠠᠨ ᠬᠥᠭᠵᠢᠭᠦᠯᠬᠦ ᠃ ᠡᠳ᠋ ᠦᠨ ᠵᠠᠰᠠᠭ ᠤᠨ ᠪᠠᠶᠢᠭᠤᠯᠤᠯᠲᠠ
ᠬᠠᠷᠢᠭᠤᠴᠠᠯᠭ᠎ᠠ ᠲᠠᠢ ᠵᠠᠰᠠᠭ ᠤᠨ ᠭᠠᠵᠠᠷ ᠢ ᠪᠠᠶᠢᠭᠤᠯᠬᠤ ᠶᠢᠨ ᠲᠥᠯᠥᠭᠡ ᠬᠦᠴᠦ ᠴᠢᠷᠠᠢ ᠪᠡᠨ ᠳᠠᠪᠬᠤᠴᠠᠭᠤᠯᠤᠨ ᠣᠷᠤᠯᠴᠠᠨ᠎ᠠ ᠃
ᠰᠢᠨ᠎ᠡ ᠴᠠᠭ ᠦᠶ᠎ᠡ ᠶᠢᠨ ᠳᠤᠮᠳᠠᠳᠤ ᠤᠯᠤᠰ ᠤᠨ ᠣᠨᠴᠠᠯᠢᠭ ᠲᠠᠢ ᠰᠣᠰᠢᠶᠠᠯᠢᠰᠲ ᠰᠡᠳᠬᠢᠯᠭᠡ ᠶᠢᠨ ᠬᠥᠭᠵᠢᠯ ᠢ ᠲᠡᠭᠦᠰ ᠤᠢᠯᠠᠳᠬᠠᠬᠤ ᠶᠢ ᠰᠢᠬᠠᠳᠠᠨ ᠬᠥᠲᠥᠯᠦᠨ᠎ᠡ
ᠠᠷᠠᠳ ᠤᠨ ᠡᠵᠡᠨ ᠰᠠᠭᠤᠬᠤ ᠶᠢ ᠪᠠᠲᠤᠯᠠᠬᠤ ᠨᠢ ᠦᠨᠳᠦᠰᠦᠨ ᠵᠠᠷᠴᠢᠮ ᠪᠣᠯᠤᠨ᠎ᠠ ᠃ ᠬᠠᠮᠲᠤ ᠶᠢᠨ ᠪᠠᠶᠠᠯᠢᠭ ᠢ ᠪᠡᠶ᠎ᠡ ᠳᠦ ᠬᠦᠷᠭᠡᠬᠦ
ᠨᠡᠶᠢᠭᠡᠮ ᠦᠨ ᠠᠮᠤᠷ ᠲᠦᠪᠰᠢᠨ ᠢ ᠰᠠᠬᠢᠨ ᠪᠡᠬᠡᠵᠢᠭᠦᠯᠬᠦ ᠃ ᠪᠠᠶᠢᠭᠠᠯᠢ ᠣᠷᠴᠢᠨ ᠲᠣᠭᠣᠷᠢᠨ ᠢ ᠬᠠᠮᠠᠭᠠᠯᠠᠨ ᠨᠣᠭᠣᠭᠠᠷᠢᠭᠤᠯᠬᠤ
ᠨᠠᠮ ᠤᠨ ᠤᠳᠤᠷᠢᠳᠤᠯᠭ᠎ᠠ ᠶᠢ ᠪᠠᠲᠤᠯᠠᠨ ᠪᠡᠬᠡᠵᠢᠬᠦ ᠃ ᠬᠠᠤᠯᠢ ᠶᠢᠨ ᠵᠠᠰᠠᠭ ᠤᠨ ᠳᠦᠷᠢᠮ ᠢ ᠪᠦᠷᠢᠨ ᠦᠷ᠎ᠡ ᠳᠦᠩ ᠲᠡᠢ ᠬᠡᠷᠡᠭᠵᠢᠭᠦᠯᠬᠦ
ᠰᠤᠷᠭᠠᠨ ᠬᠥᠮᠦᠵᠢᠯ ᠢ ᠳᠡᠭᠡᠭᠰᠢᠯᠡᠭᠦᠯᠵᠦ ᠰᠤᠶᠤᠯ ᠤᠨ ᠥᠪ ᠢ ᠤᠯᠠᠮᠵᠢᠯᠠᠨ ᠬᠥᠭᠵᠢᠭᠦᠯᠬᠦ ᠃ ᠡᠳ᠋ ᠦᠨ ᠵᠠᠰᠠᠭ ᠤᠨ ᠪᠠᠶᠢᠭᠤᠯᠤᠯᠲᠠ
ᠬᠠᠷᠢᠭᠤᠴᠠᠯᠭ᠎ᠠ ᠲᠠᠢ ᠵᠠᠰᠠᠭ ᠤᠨ ᠭᠠᠵᠠᠷ ᠢ ᠪᠠᠶᠢᠭᠤᠯᠬᠤ ᠶᠢᠨ ᠲᠥᠯᠥᠭᠡ ᠬᠦᠴᠦ ᠴᠢᠷᠠᠢ ᠪᠡᠨ ᠳᠠᠪᠬᠤᠴᠠᠭᠤᠯᠤᠨ ᠣᠷᠤᠯᠴᠠᠨ᠎ᠠ ᠃
ᠰᠢᠨ᠎ᠡ ᠴᠠᠭ ᠦᠶ᠎ᠡ ᠶᠢᠨ ᠳᠤᠮᠳᠠᠳᠤ ᠤᠯᠤᠰ ᠤᠨ ᠣᠨᠴᠠᠯᠢᠭ ᠲᠠᠢ ᠰᠣᠰᠢᠶᠠᠯᠢᠰᠲ ᠰᠡᠳᠬᠢᠯᠭᠡ ᠶᠢᠨ ᠬᠥᠭᠵᠢᠯ ᠢ ᠲᠡᠭᠦᠰ ᠤᠢᠯᠠᠳᠬᠠᠬᠤ ᠶᠢ ᠰᠢᠬᠠᠳᠠᠨ ᠬᠥᠲᠥᠯᠦᠨ᠎ᠡ
ᠠᠷᠠᠳ ᠤᠨ ᠡᠵᠡᠨ ᠰᠠᠭᠤᠬᠤ ᠶᠢ ᠪᠠᠲᠤᠯᠠᠬᠤ ᠨᠢ ᠦᠨᠳᠦᠰᠦᠨ ᠵᠠᠷᠴᠢᠮ ᠪᠣᠯᠤᠨ᠎ᠠ ᠃ ᠬᠠᠮᠲᠤ ᠶᠢᠨ ᠪᠠᠶᠠᠯᠢᠭ ᠢ ᠪᠡᠶ᠎ᠡ ᠳᠦ ᠬᠦᠷᠭᠡᠬᠦ
ᠨᠠᠮ ᠤᠨ ᠤᠳᠤᠷᠢᠳᠤᠯᠭ᠎ᠠ ᠶᠢ ᠪᠠᠲᠤᠯᠠᠨ ᠪᠡᠬᠡᠵᠢᠬᠦ ᠃ ᠬᠠᠤᠯᠢ ᠶᠢᠨ ᠵᠠᠰᠠᠭ ᠤᠨ ᠳᠦᠷᠢᠮ ᠢ ᠪᠦᠷᠢᠨ ᠦᠷ᠎ᠡ ᠳᠦᠩ ᠲᠡᠢ ᠬᠡᠷᠡᠭᠵᠢᠭᠦᠯᠬᠦ
ᠰᠤᠷᠭᠠᠨ ᠬᠥᠮᠦᠵᠢᠯ ᠢ ᠳᠡᠭᠡᠭᠰᠢᠯᠡᠭᠦᠯᠵᠦ ᠰᠤᠶᠤᠯ ᠤᠨ ᠥᠪ ᠢ ᠤᠯᠠᠮᠵᠢᠯᠠᠨ ᠬᠥᠭᠵᠢᠭᠦᠯᠬᠦ ᠃ ᠡᠳ᠋ ᠦᠨ ᠵᠠᠰᠠᠭ ᠤᠨ ᠪᠠᠶᠢᠭᠤᠯᠤᠯᠲᠠ
ᠨᠡᠶᠢᠭᠡᠮ ᠦᠨ ᠠᠮᠤᠷ ᠲᠦᠪᠰᠢᠨ ᠢ ᠰᠠᠬᠢᠨ ᠪᠡᠬᠡᠵᠢᠭᠦᠯᠬᠦ ᠃ ᠪᠠᠶᠢᠭᠠᠯᠢ ᠣᠷᠴᠢᠨ ᠲᠣᠭᠣᠷᠢᠨ ᠢ ᠬᠠᠮᠠᠭᠠᠯᠠᠨ ᠨᠣᠭᠣᠭᠠᠷᠢᠭᠤᠯᠬᠤ
ᠰᠢᠨ᠎ᠡ ᠴᠠᠭ ᠦᠶ᠎ᠡ ᠶᠢᠨ ᠳᠤᠮᠳᠠᠳᠤ ᠤᠯᠤᠰ ᠤᠨ ᠣᠨᠴᠠᠯᠢᠭ ᠲᠠᠢ ᠰᠣᠰᠢᠶᠠᠯᠢᠰᠲ ᠰᠡᠳᠬᠢᠯᠭᠡ ᠶᠢᠨ ᠬᠥᠭᠵᠢᠯ ᠢ ᠲᠡᠭᠦᠰ ᠤᠢᠯᠠᠳᠬᠠᠬᠤ ᠶᠢ ᠰᠢᠬᠠᠳᠠᠨ ᠬᠥᠲᠥᠯᠦᠨ᠎ᠡ
ᠠᠷᠠᠳ ᠤᠨ ᠡᠵᠡᠨ ᠰᠠᠭᠤᠬᠤ ᠶᠢ ᠪᠠᠲᠤᠯᠠᠬᠤ ᠨᠢ ᠦᠨᠳᠦᠰᠦᠨ ᠵᠠᠷᠴᠢᠮ ᠪᠣᠯᠤᠨ᠎ᠠ ᠃ ᠬᠠᠮᠲᠤ ᠶᠢᠨ ᠪᠠᠶᠠᠯᠢᠭ ᠢ ᠪᠡᠶ᠎ᠡ ᠳᠦ ᠬᠦᠷᠭᠡᠬᠦ
ᠨᠠᠮ ᠤᠨ ᠤᠳᠤᠷᠢᠳᠤᠯᠭ᠎ᠠ ᠶᠢ ᠪᠠᠲᠤᠯᠠᠨ ᠪᠡᠬᠡᠵᠢᠬᠦ ᠃ ᠬᠠᠤᠯᠢ ᠶᠢᠨ ᠵᠠᠰᠠᠭ ᠤᠨ ᠳᠦᠷᠢᠮ ᠢ ᠪᠦᠷᠢᠨ ᠦᠷ᠎ᠡ ᠳᠦᠩ ᠲᠡᠢ ᠬᠡᠷᠡᠭᠵᠢᠭᠦᠯᠬᠦ
ᠰᠤᠷᠭᠠᠨ ᠬᠥᠮᠦᠵᠢᠯ ᠢ ᠳᠡᠭᠡᠭᠰᠢᠯᠡᠭᠦᠯᠵᠦ ᠰᠤᠶᠤᠯ ᠤᠨ ᠥᠪ ᠢ ᠤᠯᠠᠮᠵᠢᠯᠠᠨ ᠬᠥᠭᠵᠢᠭᠦᠯᠬᠦ ᠃ ᠡᠳ᠋ ᠦᠨ ᠵᠠᠰᠠᠭ ᠤᠨ ᠪᠠᠶᠢᠭᠤᠯᠤᠯᠲᠠ
ᠨᠡᠶᠢᠭᠡᠮ ᠦᠨ ᠠᠮᠤᠷ ᠲᠦᠪᠰᠢᠨ ᠢ ᠰᠠᠬᠢᠨ ᠪᠡᠬᠡᠵᠢᠭᠦᠯᠬᠦ ᠃ ᠪᠠᠶᠢᠭᠠᠯᠢ ᠣᠷᠴᠢᠨ ᠲᠣᠭᠣᠷᠢᠨ ᠢ ᠬᠠᠮᠠᠭᠠᠯᠠᠨ ᠨᠣᠭᠣᠭᠠᠷᠢᠭᠤᠯᠬᠤ
ᠬᠠᠷᠢᠭᠤᠴᠠᠯᠭ᠎ᠠ ᠲᠠᠢ ᠵᠠᠰᠠᠭ ᠤᠨ ᠭᠠᠵᠠᠷ ᠢ ᠪᠠᠶᠢᠭᠤᠯᠬᠤ ᠶᠢᠨ ᠲᠥᠯᠥᠭᠡ ᠬᠦᠴᠦ ᠴᠢᠷᠠᠢ ᠪᠡᠨ ᠳᠠᠪᠬᠤᠴᠠᠭᠤᠯᠤᠨ ᠣᠷᠤᠯᠴᠠᠨ᠎ᠠ ᠃
ᠰᠢᠨ᠎ᠡ ᠴᠠᠭ ᠦᠶ᠎ᠡ ᠶᠢᠨ ᠳᠤᠮᠳᠠᠳᠤ ᠤᠯᠤᠰ ᠤᠨ ᠣᠨᠴᠠᠯᠢᠭ ᠲᠠᠢ ᠰᠣᠰᠢᠶᠠᠯᠢᠰᠲ ᠰᠡᠳᠬᠢᠯᠭᠡ ᠶᠢᠨ ᠬᠥᠭᠵᠢᠯ ᠢ ᠲᠡᠭᠦᠰ ᠤᠢᠯᠠᠳᠬᠠᠬᠤ ᠶᠢ ᠰᠢᠬᠠᠳᠠᠨ ᠬᠥᠲᠥᠯᠦᠨ᠎ᠡ
ᠨᠠᠮ ᠤᠨ ᠤᠳᠤᠷᠢᠳᠤᠯᠭ᠎ᠠ ᠶᠢ ᠪᠠᠲᠤᠯᠠᠨ ᠪᠡᠬᠡᠵᠢᠬᠦ ᠃ ᠬᠠᠤᠯᠢ ᠶᠢᠨ ᠵᠠᠰᠠᠭ ᠤᠨ ᠳᠦᠷᠢᠮ ᠢ ᠪᠦᠷᠢᠨ ᠦᠷ᠎ᠡ ᠳᠦᠩ ᠲᠡᠢ ᠬᠡᠷᠡᠭᠵᠢᠭᠦᠯᠬᠦ
ᠠᠷᠠᠳ ᠤᠨ ᠡᠵᠡᠨ ᠰᠠᠭᠤᠬᠤ ᠶᠢ ᠪᠠᠲᠤᠯᠠᠬᠤ ᠨᠢ ᠦᠨᠳᠦᠰᠦᠨ ᠵᠠᠷᠴᠢᠮ ᠪᠣᠯᠤᠨ᠎ᠠ ᠃ ᠬᠠᠮᠲᠤ ᠶᠢᠨ ᠪᠠᠶᠠᠯᠢᠭ ᠢ ᠪᠡᠶ᠎ᠡ ᠳᠦ ᠬᠦᠷᠭᠡᠬᠦ
ᠨᠡᠶᠢᠭᠡᠮ ᠦᠨ ᠠᠮᠤᠷ ᠲᠦᠪᠰᠢᠨ ᠢ ᠰᠠᠬᠢᠨ ᠪᠡᠬᠡᠵᠢᠭᠦᠯᠬᠦ ᠃ ᠪᠠᠶᠢᠭᠠᠯᠢ ᠣᠷᠴᠢᠨ ᠲᠣᠭᠣᠷᠢᠨ ᠢ ᠬᠠᠮᠠᠭᠠᠯᠠᠨ ᠨᠣᠭᠣᠭᠠᠷᠢᠭᠤᠯᠬᠤ
ᠰᠤᠷᠭᠠᠨ ᠬᠥᠮᠦᠵᠢᠯ ᠢ ᠳᠡᠭᠡᠭᠰᠢᠯᠡᠭᠦᠯᠵᠦ ᠰᠤᠶᠤᠯ ᠤᠨ ᠥᠪ ᠢ ᠤᠯᠠᠮᠵᠢᠯᠠᠨ ᠬᠥᠭᠵᠢᠭᠦᠯᠬᠦ ᠃ ᠡᠳ᠋ ᠦᠨ ᠵᠠᠰᠠᠭ ᠤᠨ ᠪᠠᠶᠢᠭᠤᠯᠤᠯᠲᠠ
ᠬᠠᠷᠢᠭᠤᠴᠠᠯᠭ᠎ᠠ ᠲᠠᠢ ᠵᠠᠰᠠᠭ ᠤᠨ ᠭᠠᠵᠠᠷ ᠢ ᠪᠠᠶᠢᠭᠤᠯᠬᠤ ᠶᠢᠨ ᠲᠥᠯᠥᠭᠡ ᠬᠦᠴᠦ ᠴᠢᠷᠠᠢ ᠪᠡᠨ ᠳᠠᠪᠬᠤᠴᠠᠭᠤᠯᠤᠨ ᠣᠷᠤᠯᠴᠠᠨ᠎ᠠ ᠃
ᠰᠢᠨ᠎ᠡ ᠴᠠᠭ ᠦᠶ᠎ᠡ ᠶᠢᠨ ᠳᠤᠮᠳᠠᠳᠤ ᠤᠯᠤᠰ ᠤᠨ ᠣᠨᠴᠠᠯᠢᠭ ᠲᠠᠢ ᠰᠣᠰᠢᠶᠠᠯᠢᠰᠲ ᠰᠡᠳᠬᠢᠯᠭᠡ ᠶᠢᠨ ᠬᠥᠭᠵᠢᠯ ᠢ ᠲᠡᠭᠦᠰ ᠤᠢᠯᠠᠳᠬᠠᠬᠤ ᠶᠢ ᠰᠢᠬᠠᠳᠠᠨ ᠬᠥᠲᠥᠯᠦᠨ᠎ᠡ
ᠠᠷᠠᠳ ᠤᠨ ᠡᠵᠡᠨ ᠰᠠᠭᠤᠬᠤ ᠶᠢ ᠪᠠᠲᠤᠯᠠᠬᠤ ᠨᠢ ᠦᠨᠳᠦᠰᠦᠨ ᠵᠠᠷᠴᠢᠮ ᠪᠣᠯᠤᠨ᠎ᠠ ᠃ ᠬᠠᠮᠲᠤ ᠶᠢᠨ ᠪᠠᠶᠠᠯᠢᠭ ᠢ ᠪᠡᠶ᠎ᠡ ᠳᠦ ᠬᠦᠷᠭᠡᠬᠦ
ᠨᠠᠮ ᠤᠨ ᠤᠳᠤᠷᠢᠳᠤᠯᠭ᠎ᠠ ᠶᠢ ᠪᠠᠲᠤᠯᠠᠨ ᠪᠡᠬᠡᠵᠢᠬᠦ ᠃ ᠬᠠᠤᠯᠢ ᠶᠢᠨ ᠵᠠᠰᠠᠭ ᠤᠨ ᠳᠦᠷᠢᠮ ᠢ ᠪᠦᠷᠢᠨ ᠦᠷ᠎ᠡ ᠳᠦᠩ ᠲᠡᠢ ᠬᠡᠷᠡᠭᠵᠢᠭᠦᠯᠬᠦ
ᠨᠡᠶᠢᠭᠡᠮ ᠦᠨ ᠠᠮᠤᠷ ᠲᠦᠪᠰᠢᠨ ᠢ ᠰᠠᠬᠢᠨ ᠪᠡᠬᠡᠵᠢᠭᠦᠯᠬᠦ ᠃ ᠪᠠᠶᠢᠭᠠᠯᠢ ᠣᠷᠴᠢᠨ ᠲᠣᠭᠣᠷᠢᠨ ᠢ ᠬᠠᠮᠠᠭᠠᠯᠠᠨ ᠨᠣᠭᠣᠭᠠᠷᠢᠭᠤᠯᠬᠤ
ᠰᠤᠷᠭᠠᠨ ᠬᠥᠮᠦᠵᠢᠯ ᠢ ᠳᠡᠭᠡᠭᠰᠢᠯᠡᠭᠦᠯᠵᠦ ᠰᠤᠶᠤᠯ ᠤᠨ ᠥᠪ ᠢ ᠤᠯᠠᠮᠵᠢᠯᠠᠨ ᠬᠥᠭᠵᠢᠭᠦᠯᠬᠦ ᠃ ᠡᠳ᠋ ᠦᠨ ᠵᠠᠰᠠᠭ ᠤᠨ ᠪᠠᠶᠢᠭᠤᠯᠤᠯᠲᠠ
ᠬᠠᠷᠢᠭᠤᠴᠠᠯᠭ᠎ᠠ ᠲᠠᠢ ᠵᠠᠰᠠᠭ ᠤᠨ ᠭᠠᠵᠠᠷ ᠢ ᠪᠠᠶᠢᠭᠤᠯᠬᠤ ᠶᠢᠨ ᠲᠥᠯᠥᠭᠡ ᠬᠦᠴᠦ ᠴᠢᠷᠠᠢ ᠪᠡᠨ ᠳᠠᠪᠬᠤᠴᠠᠭᠤᠯᠤᠨ ᠣᠷᠤᠯᠴᠠᠨ᠎ᠠ ᠃
ᠰᠢᠨ᠎ᠡ ᠴᠠᠭ ᠦᠶ᠎ᠡ ᠶᠢᠨ ᠳᠤᠮᠳᠠᠳᠤ ᠤᠯᠤᠰ ᠤᠨ ᠣᠨᠴᠠᠯᠢᠭ ᠲᠠᠢ ᠰᠣᠰᠢᠶᠠᠯᠢᠰᠲ ᠰᠡᠳᠬᠢᠯᠭᠡ ᠶᠢᠨ ᠬᠥᠭᠵᠢᠯ ᠢ ᠲᠡᠭᠦᠰ ᠤᠢᠯᠠᠳᠬᠠᠬᠤ ᠶᠢ ᠰᠢᠬᠠᠳᠠᠨ ᠬᠥᠲᠥᠯᠦᠨ᠎ᠡ
ᠠᠷᠠᠳ ᠤᠨ ᠡᠵᠡᠨ ᠰᠠᠭᠤᠬᠤ ᠶᠢ ᠪᠠᠲᠤᠯᠠᠬᠤ ᠨᠢ ᠦᠨᠳᠦᠰᠦᠨ ᠵᠠᠷᠴᠢᠮ ᠪᠣᠯᠤᠨ᠎ᠠ ᠃ ᠬᠠᠮᠲᠤ ᠶᠢᠨ ᠪᠠᠶᠠᠯᠢᠭ ᠢ ᠪᠡᠶ᠎ᠡ ᠳᠦ ᠬᠦᠷᠭᠡᠬᠦ
ᠨᠡᠶᠢᠭᠡᠮ ᠦᠨ ᠠᠮᠤᠷ ᠲᠦᠪᠰᠢᠨ ᠢ ᠰᠠᠬᠢᠨ ᠪᠡᠬᠡᠵᠢᠭᠦᠯᠬᠦ ᠃ ᠪᠠᠶᠢᠭᠠᠯᠢ ᠣᠷᠴᠢᠨ ᠲᠣᠭᠣᠷᠢᠨ ᠢ ᠬᠠᠮᠠᠭᠠᠯᠠᠨ ᠨᠣᠭᠣᠭᠠᠷᠢᠭᠤᠯᠬᠤ
ᠨᠠᠮ ᠤᠨ ᠤᠳᠤᠷᠢᠳᠤᠯᠭ᠎ᠠ ᠶᠢ ᠪᠠᠲᠤᠯᠠᠨ ᠪᠡᠬᠡᠵᠢᠬᠦ ᠃ ᠬᠠᠤᠯᠢ ᠶᠢᠨ ᠵᠠᠰᠠᠭ ᠤᠨ ᠳᠦᠷᠢᠮ ᠢ ᠪᠦᠷᠢᠨ ᠦᠷ᠎ᠡ ᠳᠦᠩ ᠲᠡᠢ ᠬᠡᠷᠡᠭᠵᠢᠭᠦᠯᠬᠦ
ᠰᠤᠷᠭᠠᠨ ᠬᠥᠮᠦᠵᠢᠯ ᠢ ᠳᠡᠭᠡᠭᠰᠢᠯᠡᠭᠦᠯᠵᠦ ᠰᠤᠶᠤᠯ ᠤᠨ ᠥᠪ ᠢ ᠤᠯᠠᠮᠵᠢᠯᠠᠨ ᠬᠥᠭᠵᠢᠭᠦᠯᠬᠦ ᠃ ᠡᠳ᠋ ᠦᠨ ᠵᠠᠰᠠᠭ ᠤᠨ ᠪᠠᠶᠢᠭᠤᠯᠤᠯᠲᠠ
ᠬᠠᠷᠢᠭᠤᠴᠠᠯᠭ᠎ᠠ ᠲᠠᠢ ᠵᠠᠰᠠᠭ ᠤᠨ ᠭᠠᠵᠠᠷ ᠢ ᠪᠠᠶᠢᠭᠤᠯᠬᠤ ᠶᠢᠨ ᠲᠥᠯᠥᠭᠡ ᠬᠦᠴᠦ ᠴᠢᠷᠠᠢ ᠪᠡᠨ ᠳᠠᠪᠬᠤᠴᠠᠭᠤᠯᠤᠨ ᠣᠷᠤᠯᠴᠠᠨ᠎ᠠ ᠃
ᠰᠢᠨ᠎ᠡ ᠴᠠᠭ ᠦᠶ᠎ᠡ ᠶᠢᠨ ᠳᠤᠮᠳᠠᠳᠤ ᠤᠯᠤᠰ ᠤᠨ ᠣᠨᠴᠠᠯᠢᠭ ᠲᠠᠢ ᠰᠣᠰᠢᠶᠠᠯᠢᠰᠲ ᠰᠡᠳᠬᠢᠯᠭᠡ ᠶᠢᠨ ᠬᠥᠭᠵᠢᠯ ᠢ ᠲᠡᠭᠦᠰ ᠤᠢᠯᠠᠳᠬᠠᠬᠤ ᠶᠢ ᠰᠢᠬᠠᠳᠠᠨ ᠬᠥᠲᠥᠯᠦᠨ᠎ᠡ
ᠠᠷᠠᠳ ᠤᠨ ᠡᠵᠡᠨ ᠰᠠᠭᠤᠬᠤ ᠶᠢ ᠪᠠᠲᠤᠯᠠᠬᠤ ᠨᠢ ᠦᠨᠳᠦᠰᠦᠨ ᠵᠠᠷᠴᠢᠮ ᠪᠣᠯᠤᠨ᠎ᠠ ᠃ ᠬᠠᠮᠲᠤ ᠶᠢᠨ ᠪᠠᠶᠠᠯᠢᠭ ᠢ ᠪᠡᠶ᠎ᠡ ᠳᠦ ᠬᠦᠷᠭᠡᠬᠦ
ᠨᠠᠮ ᠤᠨ ᠤᠳᠤᠷᠢᠳᠤᠯᠭ᠎ᠠ ᠶᠢ ᠪᠠᠲᠤᠯᠠᠨ ᠪᠡᠬᠡᠵᠢᠬᠦ ᠃ ᠬᠠᠤᠯᠢ ᠶᠢᠨ ᠵᠠᠰᠠᠭ ᠤᠨ ᠳᠦᠷᠢᠮ ᠢ ᠪᠦᠷᠢᠨ ᠦᠷ᠎ᠡ ᠳᠦᠩ ᠲᠡᠢ ᠬᠡᠷᠡᠭᠵᠢᠭᠦᠯᠬᠦ
ᠰᠤᠷᠭᠠᠨ ᠬᠥᠮᠦᠵᠢᠯ ᠢ ᠳᠡᠭᠡᠭᠰᠢᠯᠡᠭᠦᠯᠵᠦ ᠰᠤᠶᠤᠯ ᠤᠨ ᠥᠪ ᠢ ᠤᠯᠠᠮᠵᠢᠯᠠᠨ ᠬᠥᠭᠵᠢᠭᠦᠯᠬᠦ ᠃ ᠡᠳ᠋ ᠦᠨ ᠵᠠᠰᠠᠭ ᠤᠨ ᠪᠠᠶᠢᠭᠤᠯᠤᠯᠲᠠ
ᠨᠡᠶᠢᠭᠡᠮ ᠦᠨ ᠠᠮᠤᠷ ᠲᠦᠪᠰᠢᠨ ᠢ ᠰᠠᠬᠢᠨ ᠪᠡᠬᠡᠵᠢᠭᠦᠯᠬᠦ ᠃ ᠪᠠᠶᠢᠭᠠᠯᠢ ᠣᠷᠴᠢᠨ ᠲᠣᠭᠣᠷᠢᠨ ᠢ ᠬᠠᠮᠠᠭᠠᠯᠠᠨ ᠨᠣᠭᠣᠭᠠᠷᠢᠭᠤᠯᠬᠤ
ᠬᠠᠷᠢᠭᠤᠴᠠᠯᠭ᠎ᠠ ᠲᠠᠢ ᠵᠠᠰᠠᠭ ᠤᠨ ᠭᠠᠵᠠᠷ ᠢ ᠪᠠᠶᠢᠭᠤᠯᠬᠤ ᠶᠢᠨ ᠲᠥᠯᠥᠭᠡ ᠬᠦᠴᠦ ᠴᠢᠷᠠᠢ ᠪᠡᠨ ᠳᠠᠪᠬᠤᠴᠠᠭᠤᠯᠤᠨ ᠣᠷᠤᠯᠴᠠᠨ᠎ᠠ ᠃
ᠰᠢᠨ᠎ᠡ ᠴᠠᠭ ᠦᠶ᠎ᠡ ᠶᠢᠨ ᠳᠤᠮᠳᠠᠳᠤ ᠤᠯᠤᠰ ᠤᠨ ᠣᠨᠴᠠᠯᠢᠭ ᠲᠠᠢ ᠰᠣᠰᠢᠶᠠᠯᠢᠰᠲ ᠰᠡᠳᠬᠢᠯᠭᠡ ᠶᠢᠨ ᠬᠥᠭᠵᠢᠯ ᠢ ᠲᠡᠭᠦᠰ ᠤᠢᠯᠠᠳᠬᠠᠬᠤ ᠶᠢ ᠰᠢᠬᠠᠳᠠᠨ ᠬᠥᠲᠥᠯᠦᠨ᠎ᠡ
ᠠᠷᠠᠳ ᠤᠨ ᠡᠵᠡᠨ ᠰᠠᠭᠤᠬᠤ ᠶᠢ ᠪᠠᠲᠤᠯᠠᠬᠤ ᠨᠢ ᠦᠨᠳᠦᠰᠦᠨ ᠵᠠᠷᠴᠢᠮ ᠪᠣᠯᠤᠨ᠎ᠠ ᠃ ᠬᠠᠮᠲᠤ ᠶᠢᠨ ᠪᠠᠶᠠᠯᠢᠭ ᠢ ᠪᠡᠶ᠎ᠡ ᠳᠦ ᠬᠦᠷᠭᠡᠬᠦ
ᠨᠠᠮ ᠤᠨ ᠤᠳᠤᠷᠢᠳᠤᠯᠭ᠎ᠠ ᠶᠢ ᠪᠠᠲᠤᠯᠠᠨ ᠪᠡᠬᠡᠵᠢᠬᠦ ᠃ ᠬᠠᠤᠯᠢ ᠶᠢᠨ ᠵᠠᠰᠠᠭ ᠤᠨ ᠳᠦᠷᠢᠮ ᠢ ᠪᠦᠷᠢᠨ ᠦᠷ᠎ᠡ ᠳᠦᠩ ᠲᠡᠢ ᠬᠡᠷᠡᠭᠵᠢᠭᠦᠯᠬᠦ
ᠰᠤᠷᠭᠠᠨ ᠬᠥᠮᠦᠵᠢᠯ ᠢ ᠳᠡᠭᠡᠭᠰᠢᠯᠡᠭᠦᠯᠵᠦ ᠰᠤᠶᠤᠯ ᠤᠨ ᠥᠪ ᠢ ᠤᠯᠠᠮᠵᠢᠯᠠᠨ ᠬᠥᠭᠵᠢᠭᠦᠯᠬᠦ ᠃ ᠡᠳ᠋ ᠦᠨ ᠵᠠᠰᠠᠭ ᠤᠨ ᠪᠠᠶᠢᠭᠤᠯᠤᠯᠲᠠ
ᠨᠡᠶᠢᠭᠡᠮ ᠦᠨ ᠠᠮᠤᠷ ᠲᠦᠪᠰᠢᠨ ᠢ ᠰᠠᠬᠢᠨ ᠪᠡᠬᠡᠵᠢᠭᠦᠯᠬᠦ ᠃ ᠪᠠᠶᠢᠭᠠᠯᠢ ᠣᠷᠴᠢᠨ ᠲᠣᠭᠣᠷᠢᠨ ᠢ ᠬᠠᠮᠠᠭᠠᠯᠠᠨ ᠨᠣᠭᠣᠭᠠᠷᠢᠭᠤᠯᠬᠤ
ᠬᠠᠷᠢᠭᠤᠴᠠᠯᠭ᠎ᠠ ᠲᠠᠢ ᠵᠠᠰᠠᠭ ᠤᠨ ᠭᠠᠵᠠᠷ ᠢ ᠪᠠᠶᠢᠭᠤᠯᠬᠤ ᠶᠢᠨ ᠲᠥᠯᠥᠭᠡ ᠬᠦᠴᠦ ᠴᠢᠷᠠᠢ ᠪᠡᠨ ᠳᠠᠪᠬᠤᠴᠠᠭᠤᠯᠤᠨ ᠣᠷᠤᠯᠴᠠᠨ᠎ᠠ ᠃
ᠰᠢᠨ᠎ᠡ ᠴᠠᠭ ᠦᠶ᠎ᠡ ᠶᠢᠨ ᠳᠤᠮᠳᠠᠳᠤ ᠤᠯᠤᠰ ᠤᠨ ᠣᠨᠴᠠᠯᠢᠭ ᠲᠠᠢ ᠰᠣᠰᠢᠶᠠᠯᠢᠰᠲ ᠰᠡᠳᠬᠢᠯᠭᠡ ᠶᠢᠨ ᠬᠥᠭᠵᠢᠯ ᠢ ᠲᠡᠭᠦᠰ ᠤᠢᠯᠠᠳᠬᠠᠬᠤ ᠶᠢ ᠰᠢᠬᠠᠳᠠᠨ ᠬᠥᠲᠥᠯᠦᠨ᠎ᠡ
ᠠᠷᠠᠳ ᠤᠨ ᠡᠵᠡᠨ ᠰᠠᠭᠤᠬᠤ ᠶᠢ ᠪᠠᠲᠤᠯᠠᠬᠤ ᠨᠢ ᠦᠨᠳᠦᠰᠦᠨ ᠵᠠᠷᠴᠢᠮ ᠪᠣᠯᠤᠨ᠎ᠠ ᠃ ᠬᠠᠮᠲᠤ ᠶᠢᠨ ᠪᠠᠶᠠᠯᠢᠭ ᠢ ᠪᠡᠶ᠎ᠡ ᠳᠦ ᠬᠦᠷᠭᠡᠬᠦ
ᠨᠠᠮ ᠤᠨ ᠤᠳᠤᠷᠢᠳᠤᠯᠭ᠎ᠠ ᠶᠢ ᠪᠠᠲᠤᠯᠠᠨ ᠪᠡᠬᠡᠵᠢᠬᠦ ᠃ ᠬᠠᠤᠯᠢ ᠶᠢᠨ ᠵᠠᠰᠠᠭ ᠤᠨ ᠳᠦᠷᠢᠮ ᠢ ᠪᠦᠷᠢᠨ ᠦᠷ᠎ᠡ ᠳᠦᠩ ᠲᠡᠢ ᠬᠡᠷᠡᠭᠵᠢᠭᠦᠯᠬᠦ
ᠰᠤᠷᠭᠠᠨ ᠬᠥᠮᠦᠵᠢᠯ ᠢ ᠳᠡᠭᠡᠭᠰᠢᠯᠡᠭᠦᠯᠵᠦ ᠰᠤᠶᠤᠯ ᠤᠨ ᠥᠪ ᠢ ᠤᠯᠠᠮᠵᠢᠯᠠᠨ ᠬᠥᠭᠵᠢᠭᠦᠯᠬᠦ ᠃ ᠡᠳ᠋ ᠦᠨ ᠵᠠᠰᠠᠭ ᠤᠨ ᠪᠠᠶᠢᠭᠤᠯᠤᠯᠲᠠ
ᠰᠢᠨ᠎ᠡ ᠴᠠᠭ ᠦᠶ᠎ᠡ ᠶᠢᠨ ᠳᠤᠮᠳᠠᠳᠤ ᠤᠯᠤᠰ ᠤᠨ ᠣᠨᠴᠠᠯᠢᠭ ᠲᠠᠢ ᠰᠣᠰᠢᠶᠠᠯᠢᠰᠲ ᠰᠡᠳᠬᠢᠯᠭᠡ ᠶᠢᠨ ᠬᠥᠭᠵᠢᠯ ᠢ ᠲᠡᠭᠦᠰ ᠤᠢᠯᠠᠳᠬᠠᠬᠤ ᠶᠢ ᠰᠢᠬᠠᠳᠠᠨ ᠬᠥᠲᠥᠯᠦᠨ᠎ᠡ
ᠠᠷᠠᠳ ᠤᠨ ᠡᠵᠡᠨ ᠰᠠᠭᠤᠬᠤ ᠶᠢ ᠪᠠᠲᠤᠯᠠᠬᠤ ᠨᠢ ᠦᠨᠳᠦᠰᠦᠨ ᠵᠠᠷᠴᠢᠮ ᠪᠣᠯᠤᠨ᠎ᠠ ᠃ ᠬᠠᠮᠲᠤ ᠶᠢᠨ ᠪᠠᠶᠠᠯᠢᠭ ᠢ ᠪᠡᠶ᠎ᠡ ᠳᠦ ᠬᠦᠷᠭᠡᠬᠦ
ᠨᠠᠮ ᠤᠨ ᠤᠳᠤᠷᠢᠳᠤᠯᠭ᠎ᠠ ᠶᠢ ᠪᠠᠲᠤᠯᠠᠨ ᠪᠡᠬᠡᠵᠢᠬᠦ ᠃ ᠬᠠᠤᠯᠢ ᠶᠢᠨ ᠵᠠᠰᠠᠭ ᠤᠨ ᠳᠦᠷᠢᠮ ᠢ ᠪᠦᠷᠢᠨ ᠦᠷ᠎ᠡ ᠳᠦᠩ ᠲᠡᠢ ᠬᠡᠷᠡᠭᠵᠢᠭᠦᠯᠬᠦ
ᠰᠤᠷᠭᠠᠨ ᠬᠥᠮᠦᠵᠢᠯ ᠢ ᠳᠡᠭᠡᠭᠰᠢᠯᠡᠭᠦᠯᠵᠦ ᠰᠤᠶᠤᠯ ᠤᠨ ᠥᠪ ᠢ ᠤᠯᠠᠮᠵᠢᠯᠠᠨ ᠬᠥᠭᠵᠢᠭᠦᠯᠬᠦ ᠃ ᠡᠳ᠋ ᠦᠨ ᠵᠠᠰᠠᠭ ᠤᠨ ᠪᠠᠶᠢᠭᠤᠯᠤᠯᠲᠠ
ᠨᠡᠶᠢᠭᠡᠮ ᠦᠨ ᠠᠮᠤᠷ ᠲᠦᠪᠰᠢᠨ ᠢ ᠰᠠᠬᠢᠨ ᠪᠡᠬᠡᠵᠢᠭᠦᠯᠬᠦ ᠃ ᠪᠠᠶᠢᠭᠠᠯᠢ ᠣᠷᠴᠢᠨ ᠲᠣᠭᠣᠷᠢᠨ ᠢ ᠬᠠᠮᠠᠭᠠᠯᠠᠨ ᠨᠣᠭᠣᠭᠠᠷᠢᠭᠤᠯᠬᠤ
ᠬᠠᠷᠢᠭᠤᠴᠠᠯᠭ᠎ᠠ ᠲᠠᠢ ᠵᠠᠰᠠᠭ ᠤᠨ ᠭᠠᠵᠠᠷ ᠢ ᠪᠠᠶᠢᠭᠤᠯᠬᠤ ᠶᠢᠨ ᠲᠥᠯᠥᠭᠡ ᠬᠦᠴᠦ ᠴᠢᠷᠠᠢ ᠪᠡᠨ ᠳᠠᠪᠬᠤᠴᠠᠭᠤᠯᠤᠨ ᠣᠷᠤᠯᠴᠠᠨ᠎ᠠ ᠃
ᠰᠢᠨ᠎ᠡ ᠴᠠᠭ ᠦᠶ᠎ᠡ ᠶᠢᠨ ᠳᠤᠮᠳᠠᠳᠤ ᠤᠯᠤᠰ ᠤᠨ ᠣᠨᠴᠠᠯᠢᠭ ᠲᠠᠢ ᠰᠣᠰᠢᠶᠠᠯᠢᠰᠲ ᠰᠡᠳᠬᠢᠯᠭᠡ ᠶᠢᠨ ᠬᠥᠭᠵᠢᠯ ᠢ ᠲᠡᠭᠦᠰ ᠤᠢᠯᠠᠳᠬᠠᠬᠤ ᠶᠢ ᠰᠢᠬᠠᠳᠠᠨ ᠬᠥᠲᠥᠯᠦᠨ᠎ᠡ
ᠨᠠᠮ ᠤᠨ ᠤᠳᠤᠷᠢᠳᠤᠯᠭ᠎ᠠ ᠶᠢ ᠪᠠᠲᠤᠯᠠᠨ ᠪᠡᠬᠡᠵᠢᠬᠦ ᠃ ᠬᠠᠤᠯᠢ ᠶᠢᠨ ᠵᠠᠰᠠᠭ ᠤᠨ ᠳᠦᠷᠢᠮ ᠢ ᠪᠦᠷᠢᠨ ᠦᠷ᠎ᠡ ᠳᠦᠩ ᠲᠡᠢ ᠬᠡᠷᠡᠭᠵᠢᠭᠦᠯᠬᠦ
ᠠᠷᠠᠳ ᠤᠨ ᠡᠵᠡᠨ ᠰᠠᠭᠤᠬᠤ ᠶᠢ ᠪᠠᠲᠤᠯᠠᠬᠤ ᠨᠢ ᠦᠨᠳᠦᠰᠦᠨ ᠵᠠᠷᠴᠢᠮ ᠪᠣᠯᠤᠨ᠎ᠠ ᠃ ᠬᠠᠮᠲᠤ ᠶᠢᠨ ᠪᠠᠶᠠᠯᠢᠭ ᠢ ᠪᠡᠶ᠎ᠡ ᠳᠦ ᠬᠦᠷᠭᠡᠬᠦ
ᠨᠡᠶᠢᠭᠡᠮ ᠦᠨ ᠠᠮᠤᠷ ᠲᠦᠪᠰᠢᠨ ᠢ ᠰᠠᠬᠢᠨ ᠪᠡᠬᠡᠵᠢᠭᠦᠯᠬᠦ ᠃ ᠪᠠᠶᠢᠭᠠᠯᠢ ᠣᠷᠴᠢᠨ ᠲᠣᠭᠣᠷᠢᠨ ᠢ ᠬᠠᠮᠠᠭᠠᠯᠠᠨ ᠨᠣᠭᠣᠭᠠᠷᠢᠭᠤᠯᠬᠤ
ᠰᠤᠷᠭᠠᠨ ᠬᠥᠮᠦᠵᠢᠯ ᠢ ᠳᠡᠭᠡᠭᠰᠢᠯᠡᠭᠦᠯᠵᠦ ᠰᠤᠶᠤᠯ ᠤᠨ ᠥᠪ ᠢ ᠤᠯᠠᠮᠵᠢᠯᠠᠨ ᠬᠥᠭᠵᠢᠭᠦᠯᠬᠦ ᠃ ᠡᠳ᠋ ᠦᠨ ᠵᠠᠰᠠᠭ ᠤᠨ ᠪᠠᠶᠢᠭᠤᠯᠤᠯᠲᠠ
ᠬᠠᠷᠢᠭᠤᠴᠠᠯᠭ᠎ᠠ ᠲᠠᠢ ᠵᠠᠰᠠᠭ ᠤᠨ ᠭᠠᠵᠠᠷ ᠢ ᠪᠠᠶᠢᠭᠤᠯᠬᠤ ᠶᠢᠨ ᠲᠥᠯᠥᠭᠡ ᠬᠦᠴᠦ ᠴᠢᠷᠠᠢ ᠪᠡᠨ ᠳᠠᠪᠬᠤᠴᠠᠭᠤᠯᠤᠨ ᠣᠷᠤᠯᠴᠠᠨ᠎ᠠ ᠃
ᠰᠢᠨ᠎ᠡ ᠴᠠᠭ ᠦᠶ᠎ᠡ ᠶᠢᠨ ᠳᠤᠮᠳᠠᠳᠤ ᠤᠯᠤᠰ ᠤᠨ ᠣᠨᠴᠠᠯᠢᠭ ᠲᠠᠢ ᠰᠣᠰᠢᠶᠠᠯᠢᠰᠲ ᠰᠡᠳᠬᠢᠯᠭᠡ ᠶᠢᠨ ᠬᠥᠭᠵᠢᠯ ᠢ ᠲᠡᠭᠦᠰ ᠤᠢᠯᠠᠳᠬᠠᠬᠤ ᠶᠢ ᠰᠢᠬᠠᠳᠠᠨ ᠬᠥᠲᠥᠯᠦᠨ᠎ᠡ
ᠠᠷᠠᠳ ᠤᠨ ᠡᠵᠡᠨ ᠰᠠᠭᠤᠬᠤ ᠶᠢ ᠪᠠᠲᠤᠯᠠᠬᠤ ᠨᠢ ᠦᠨᠳᠦᠰᠦᠨ ᠵᠠᠷᠴᠢᠮ ᠪᠣᠯᠤᠨ᠎ᠠ ᠃ ᠬᠠᠮᠲᠤ ᠶᠢᠨ ᠪᠠᠶᠠᠯᠢᠭ ᠢ ᠪᠡᠶ᠎ᠡ ᠳᠦ ᠬᠦᠷᠭᠡᠬᠦ
ᠨᠠᠮ ᠤᠨ ᠤᠳᠤᠷᠢᠳᠤᠯᠭ᠎ᠠ ᠶᠢ ᠪᠠᠲᠤᠯᠠᠨ ᠪᠡᠬᠡᠵᠢᠬᠦ ᠃ ᠬᠠᠤᠯᠢ ᠶᠢᠨ ᠵᠠᠰᠠᠭ ᠤᠨ ᠳᠦᠷᠢᠮ ᠢ ᠪᠦᠷᠢᠨ ᠦᠷ᠎ᠡ ᠳᠦᠩ ᠲᠡᠢ ᠬᠡᠷᠡᠭᠵᠢᠭᠦᠯᠬᠦ
ᠨᠡᠶᠢᠭᠡᠮ ᠦᠨ ᠠᠮᠤᠷ ᠲᠦᠪᠰᠢᠨ ᠢ ᠰᠠᠬᠢᠨ ᠪᠡᠬᠡᠵᠢᠭᠦᠯᠬᠦ ᠃ ᠪᠠᠶᠢᠭᠠᠯᠢ ᠣᠷᠴᠢᠨ ᠲᠣᠭᠣᠷᠢᠨ ᠢ ᠬᠠᠮᠠᠭᠠᠯᠠᠨ ᠨᠣᠭᠣᠭᠠᠷᠢᠭᠤᠯᠬᠤ
ᠰᠤᠷᠭᠠᠨ ᠬᠥᠮᠦᠵᠢᠯ ᠢ ᠳᠡᠭᠡᠭᠰᠢᠯᠡᠭᠦᠯᠵᠦ ᠰᠤᠶᠤᠯ ᠤᠨ ᠥᠪ ᠢ ᠤᠯᠠᠮᠵᠢᠯᠠᠨ ᠬᠥᠭᠵᠢᠭᠦᠯᠬᠦ ᠃ ᠡᠳ᠋ ᠦᠨ ᠵᠠᠰᠠᠭ ᠤᠨ ᠪᠠᠶᠢᠭᠤᠯᠤᠯᠲᠠ
ᠬᠠᠷᠢᠭᠤᠴᠠᠯᠭ᠎ᠠ ᠲᠠᠢ ᠵᠠᠰᠠᠭ ᠤᠨ ᠭᠠᠵᠠᠷ ᠢ ᠪᠠᠶᠢᠭᠤᠯᠬᠤ ᠶᠢᠨ ᠲᠥᠯᠥᠭᠡ ᠬᠦᠴᠦ ᠴᠢᠷᠠᠢ ᠪᠡᠨ ᠳᠠᠪᠬᠤᠴᠠᠭᠤᠯᠤᠨ ᠣᠷᠤᠯᠴᠠᠨ᠎ᠠ ᠃
ᠰᠢᠨ᠎ᠡ ᠴᠠᠭ ᠦᠶ᠎ᠡ ᠶᠢᠨ ᠳᠤᠮᠳᠠᠳᠤ ᠤᠯᠤᠰ ᠤᠨ ᠣᠨᠴᠠᠯᠢᠭ ᠲᠠᠢ ᠰᠣᠰᠢᠶᠠᠯᠢᠰᠲ ᠰᠡᠳᠬᠢᠯᠭᠡ ᠶᠢᠨ ᠬᠥᠭᠵᠢᠯ ᠢ ᠲᠡᠭᠦᠰ ᠤᠢᠯᠠᠳᠬᠠᠬᠤ ᠶᠢ ᠰᠢᠬᠠᠳᠠᠨ ᠬᠥᠲᠥᠯᠦᠨ᠎ᠡ
ᠠᠷᠠᠳ ᠤᠨ ᠡᠵᠡᠨ ᠰᠠᠭᠤᠬᠤ ᠶᠢ ᠪᠠᠲᠤᠯᠠᠬᠤ ᠨᠢ ᠦᠨᠳᠦᠰᠦᠨ ᠵᠠᠷᠴᠢᠮ ᠪᠣᠯᠤᠨ᠎ᠠ ᠃ ᠬᠠᠮᠲᠤ ᠶᠢᠨ ᠪᠠᠶᠠᠯᠢᠭ ᠢ ᠪᠡᠶ᠎ᠡ ᠳᠦ ᠬᠦᠷᠭᠡᠬᠦ
ᠨᠡᠶᠢᠭᠡᠮ ᠦᠨ ᠠᠮᠤᠷ ᠲᠦᠪᠰᠢᠨ ᠢ ᠰᠠᠬᠢᠨ ᠪᠡᠬᠡᠵᠢᠭᠦᠯᠬᠦ ᠃ ᠪᠠᠶᠢᠭᠠᠯᠢ ᠣᠷᠴᠢᠨ ᠲᠣᠭᠣᠷᠢᠨ ᠢ ᠬᠠᠮᠠᠭᠠᠯᠠᠨ ᠨᠣᠭᠣᠭᠠᠷᠢᠭᠤᠯᠬᠤ
ᠨᠠᠮ ᠤᠨ ᠤᠳᠤᠷᠢᠳᠤᠯᠭ᠎ᠠ ᠶᠢ ᠪᠠᠲᠤᠯᠠᠨ ᠪᠡᠬᠡᠵᠢᠬᠦ ᠃ ᠬᠠᠤᠯᠢ ᠶᠢᠨ ᠵᠠᠰᠠᠭ ᠤᠨ ᠳᠦᠷᠢᠮ ᠢ ᠪᠦᠷᠢᠨ ᠦᠷ᠎ᠡ ᠳᠦᠩ ᠲᠡᠢ ᠬᠡᠷᠡᠭᠵᠢᠭᠦᠯᠬᠦ
ᠰᠤᠷᠭᠠᠨ ᠬᠥᠮᠦᠵᠢᠯ ᠢ ᠳᠡᠭᠡᠭᠰᠢᠯᠡᠭᠦᠯᠵᠦ ᠰᠤᠶᠤᠯ ᠤᠨ ᠥᠪ ᠢ ᠤᠯᠠᠮᠵᠢᠯᠠᠨ ᠬᠥᠭᠵᠢᠭᠦᠯᠬᠦ ᠃ ᠡᠳ᠋ ᠦᠨ ᠵᠠᠰᠠᠭ ᠤᠨ ᠪᠠᠶᠢᠭᠤᠯᠤᠯᠲᠠ
ᠬᠠᠷᠢᠭᠤᠴᠠᠯᠭ᠎ᠠ ᠲᠠᠢ ᠵᠠᠰᠠᠭ ᠤᠨ ᠭᠠᠵᠠᠷ ᠢ ᠪᠠᠶᠢᠭᠤᠯᠬᠤ ᠶᠢᠨ ᠲᠥᠯᠥᠭᠡ ᠬᠦᠴᠦ ᠴᠢᠷᠠᠢ ᠪᠡᠨ ᠳᠠᠪᠬᠤᠴᠠᠭᠤᠯᠤᠨ ᠣᠷᠤᠯᠴᠠᠨ᠎ᠠ ᠃
ᠰᠢᠨ᠎ᠡ ᠴᠠᠭ ᠦᠶ᠎ᠡ ᠶᠢᠨ ᠳᠤᠮᠳᠠᠳᠤ ᠤᠯᠤᠰ ᠤᠨ ᠣᠨᠴᠠᠯᠢᠭ ᠲᠠᠢ ᠰᠣᠰᠢᠶᠠᠯᠢᠰᠲ ᠰᠡᠳᠬᠢᠯᠭᠡ ᠶᠢᠨ ᠬᠥᠭᠵᠢᠯ ᠢ ᠲᠡᠭᠦᠰ ᠤᠢᠯᠠᠳᠬᠠᠬᠤ ᠶᠢ ᠰᠢᠬᠠᠳᠠᠨ ᠬᠥᠲᠥᠯᠦᠨ᠎ᠡ
ᠠᠷᠠᠳ ᠤᠨ ᠡᠵᠡᠨ ᠰᠠᠭᠤᠬᠤ ᠶᠢ ᠪᠠᠲᠤᠯᠠᠬᠤ ᠨᠢ ᠦᠨᠳᠦᠰᠦᠨ ᠵᠠᠷᠴᠢᠮ ᠪᠣᠯᠤᠨ᠎ᠠ ᠃ ᠬᠠᠮᠲᠤ ᠶᠢᠨ ᠪᠠᠶᠠᠯᠢᠭ ᠢ ᠪᠡᠶ᠎ᠡ ᠳᠦ ᠬᠦᠷᠭᠡᠬᠦ
ᠨᠠᠮ ᠤᠨ ᠤᠳᠤᠷᠢᠳᠤᠯᠭ᠎ᠠ ᠶᠢ ᠪᠠᠲᠤᠯᠠᠨ ᠪᠡᠬᠡᠵᠢᠬᠦ ᠃ ᠬᠠᠤᠯᠢ ᠶᠢᠨ ᠵᠠᠰᠠᠭ ᠤᠨ ᠳᠦᠷᠢᠮ ᠢ ᠪᠦᠷᠢᠨ ᠦᠷ᠎ᠡ ᠳᠦᠩ ᠲᠡᠢ ᠬᠡᠷᠡᠭᠵᠢᠭᠦᠯᠬᠦ
ᠰᠤᠷᠭᠠᠨ ᠬᠥᠮᠦᠵᠢᠯ ᠢ ᠳᠡᠭᠡᠭᠰᠢᠯᠡᠭᠦᠯᠵᠦ ᠰᠤᠶᠤᠯ ᠤᠨ ᠥᠪ ᠢ ᠤᠯᠠᠮᠵᠢᠯᠠᠨ ᠬᠥᠭᠵᠢᠭᠦᠯᠬᠦ ᠃ ᠡᠳ᠋ ᠦᠨ ᠵᠠᠰᠠᠭ ᠤᠨ ᠪᠠᠶᠢᠭᠤᠯᠤᠯᠲᠠ
ᠨᠡᠶᠢᠭᠡᠮ ᠦᠨ ᠠᠮᠤᠷ ᠲᠦᠪᠰᠢᠨ ᠢ ᠰᠠᠬᠢᠨ ᠪᠡᠬᠡᠵᠢᠭᠦᠯᠬᠦ ᠃ ᠪᠠᠶᠢᠭᠠᠯᠢ ᠣᠷᠴᠢᠨ ᠲᠣᠭᠣᠷᠢᠨ ᠢ ᠬᠠᠮᠠᠭᠠᠯᠠᠨ ᠨᠣᠭᠣᠭᠠᠷᠢᠭᠤᠯᠬᠤ
ᠬᠠᠷᠢᠭᠤᠴᠠᠯᠭ᠎ᠠ ᠲᠠᠢ ᠵᠠᠰᠠᠭ ᠤᠨ ᠭᠠᠵᠠᠷ ᠢ ᠪᠠᠶᠢᠭᠤᠯᠬᠤ ᠶᠢᠨ ᠲᠥᠯᠥᠭᠡ ᠬᠦᠴᠦ ᠴᠢᠷᠠᠢ ᠪᠡᠨ ᠳᠠᠪᠬᠤᠴᠠᠭᠤᠯᠤᠨ ᠣᠷᠤᠯᠴᠠᠨ᠎ᠠ ᠃
ᠰᠢᠨ᠎ᠡ ᠴᠠᠭ ᠦᠶ᠎ᠡ ᠶᠢᠨ ᠳᠤᠮᠳᠠᠳᠤ ᠤᠯᠤᠰ ᠤᠨ ᠣᠨᠴᠠᠯᠢᠭ ᠲᠠᠢ ᠰᠣᠰᠢᠶᠠᠯᠢᠰᠲ ᠰᠡᠳᠬᠢᠯᠭᠡ ᠶᠢᠨ ᠬᠥᠭᠵᠢᠯ ᠢ ᠲᠡᠭᠦᠰ ᠤᠢᠯᠠᠳᠬᠠᠬᠤ ᠶᠢ ᠰᠢᠬᠠᠳᠠᠨ ᠬᠥᠲᠥᠯᠦᠨ᠎ᠡ
ᠠᠷᠠᠳ ᠤᠨ ᠡᠵᠡᠨ ᠰᠠᠭᠤᠬᠤ ᠶᠢ ᠪᠠᠲᠤᠯᠠᠬᠤ ᠨᠢ ᠦᠨᠳᠦᠰᠦᠨ ᠵᠠᠷᠴᠢᠮ ᠪᠣᠯᠤᠨ᠎ᠠ ᠃ ᠬᠠᠮᠲᠤ ᠶᠢᠨ ᠪᠠᠶᠠᠯᠢᠭ ᠢ ᠪᠡᠶ᠎ᠡ ᠳᠦ ᠬᠦᠷᠭᠡᠬᠦ
ᠨᠠᠮ ᠤᠨ ᠤᠳᠤᠷᠢᠳᠤᠯᠭ᠎ᠠ ᠶᠢ ᠪᠠᠲᠤᠯᠠᠨ ᠪᠡᠬᠡᠵᠢᠬᠦ ᠃ ᠬᠠᠤᠯᠢ ᠶᠢᠨ ᠵᠠᠰᠠᠭ ᠤᠨ ᠳᠦᠷᠢᠮ ᠢ ᠪᠦᠷᠢᠨ ᠦᠷ᠎ᠡ ᠳᠦᠩ ᠲᠡᠢ ᠬᠡᠷᠡᠭᠵᠢᠭᠦᠯᠬᠦ
ᠰᠤᠷᠭᠠᠨ ᠬᠥᠮᠦᠵᠢᠯ ᠢ ᠳᠡᠭᠡᠭᠰᠢᠯᠡᠭᠦᠯᠵᠦ ᠰᠤᠶᠤᠯ ᠤᠨ ᠥᠪ ᠢ ᠤᠯᠠᠮᠵᠢᠯᠠᠨ ᠬᠥᠭᠵᠢᠭᠦᠯᠬᠦ ᠃ ᠡᠳ᠋ ᠦᠨ ᠵᠠᠰᠠᠭ ᠤᠨ ᠪᠠᠶᠢᠭᠤᠯᠤᠯᠲᠠ
ᠨᠡᠶᠢᠭᠡᠮ ᠦᠨ ᠠᠮᠤᠷ ᠲᠦᠪᠰᠢᠨ ᠢ ᠰᠠᠬᠢᠨ ᠪᠡᠬᠡᠵᠢᠭᠦᠯᠬᠦ ᠃ ᠪᠠᠶᠢᠭᠠᠯᠢ ᠣᠷᠴᠢᠨ ᠲᠣᠭᠣᠷᠢᠨ ᠢ ᠬᠠᠮᠠᠭᠠᠯᠠᠨ ᠨᠣᠭᠣᠭᠠᠷᠢᠭᠤᠯᠬᠤ
ᠬᠠᠷᠢᠭᠤᠴᠠᠯᠭ᠎ᠠ ᠲᠠᠢ ᠵᠠᠰᠠᠭ ᠤᠨ ᠭᠠᠵᠠᠷ ᠢ ᠪᠠᠶᠢᠭᠤᠯᠬᠤ ᠶᠢᠨ ᠲᠥᠯᠥᠭᠡ ᠬᠦᠴᠦ ᠴᠢᠷᠠᠢ ᠪᠡᠨ ᠳᠠᠪᠬᠤᠴᠠᠭᠤᠯᠤᠨ ᠣᠷᠤᠯᠴᠠᠨ᠎ᠠ ᠃
ᠰᠢᠨ᠎ᠡ ᠴᠠᠭ ᠦᠶ᠎ᠡ ᠶᠢᠨ ᠳᠤᠮᠳᠠᠳᠤ ᠤᠯᠤᠰ ᠤᠨ ᠣᠨᠴᠠᠯᠢᠭ ᠲᠠᠢ ᠰᠣᠰᠢᠶᠠᠯᠢᠰᠲ ᠰᠡᠳᠬᠢᠯᠭᠡ ᠶᠢᠨ ᠬᠥᠭᠵᠢᠯ ᠢ ᠲᠡᠭᠦᠰ ᠤᠢᠯᠠᠳᠬᠠᠬᠤ ᠶᠢ ᠰᠢᠬᠠᠳᠠᠨ ᠬᠥᠲᠥᠯᠦᠨ᠎ᠡ
ᠠᠷᠠᠳ ᠤᠨ ᠡᠵᠡᠨ ᠰᠠᠭᠤᠬᠤ ᠶᠢ ᠪᠠᠲᠤᠯᠠᠬᠤ ᠨᠢ ᠦᠨᠳᠦᠰᠦᠨ ᠵᠠᠷᠴᠢᠮ ᠪᠣᠯᠤᠨ᠎ᠠ ᠃ ᠬᠠᠮᠲᠤ ᠶᠢᠨ ᠪᠠᠶᠠᠯᠢᠭ ᠢ ᠪᠡᠶ᠎ᠡ ᠳᠦ ᠬᠦᠷᠭᠡᠬᠦ
ᠨᠠᠮ ᠤᠨ ᠤᠳᠤᠷᠢᠳᠤᠯᠭ᠎ᠠ ᠶᠢ ᠪᠠᠲᠤᠯᠠᠨ ᠪᠡᠬᠡᠵᠢᠬᠦ ᠃ ᠬᠠᠤᠯᠢ ᠶᠢᠨ ᠵᠠᠰᠠᠭ ᠤᠨ ᠳᠦᠷᠢᠮ ᠢ ᠪᠦᠷᠢᠨ ᠦᠷ᠎ᠡ ᠳᠦᠩ ᠲᠡᠢ ᠬᠡᠷᠡᠭᠵᠢᠭᠦᠯᠬᠦ
ᠰᠤᠷᠭᠠᠨ ᠬᠥᠮᠦᠵᠢᠯ ᠢ ᠳᠡᠭᠡᠭᠰᠢᠯᠡᠭᠦᠯᠵᠦ ᠰᠤᠶᠤᠯ ᠤᠨ ᠥᠪ ᠢ ᠤᠯᠠᠮᠵᠢᠯᠠᠨ ᠬᠥᠭᠵᠢᠭᠦᠯᠬᠦ ᠃ ᠡᠳ᠋ ᠦᠨ ᠵᠠᠰᠠᠭ ᠤᠨ ᠪᠠᠶᠢᠭᠤᠯᠤᠯᠲᠠ
42	43
